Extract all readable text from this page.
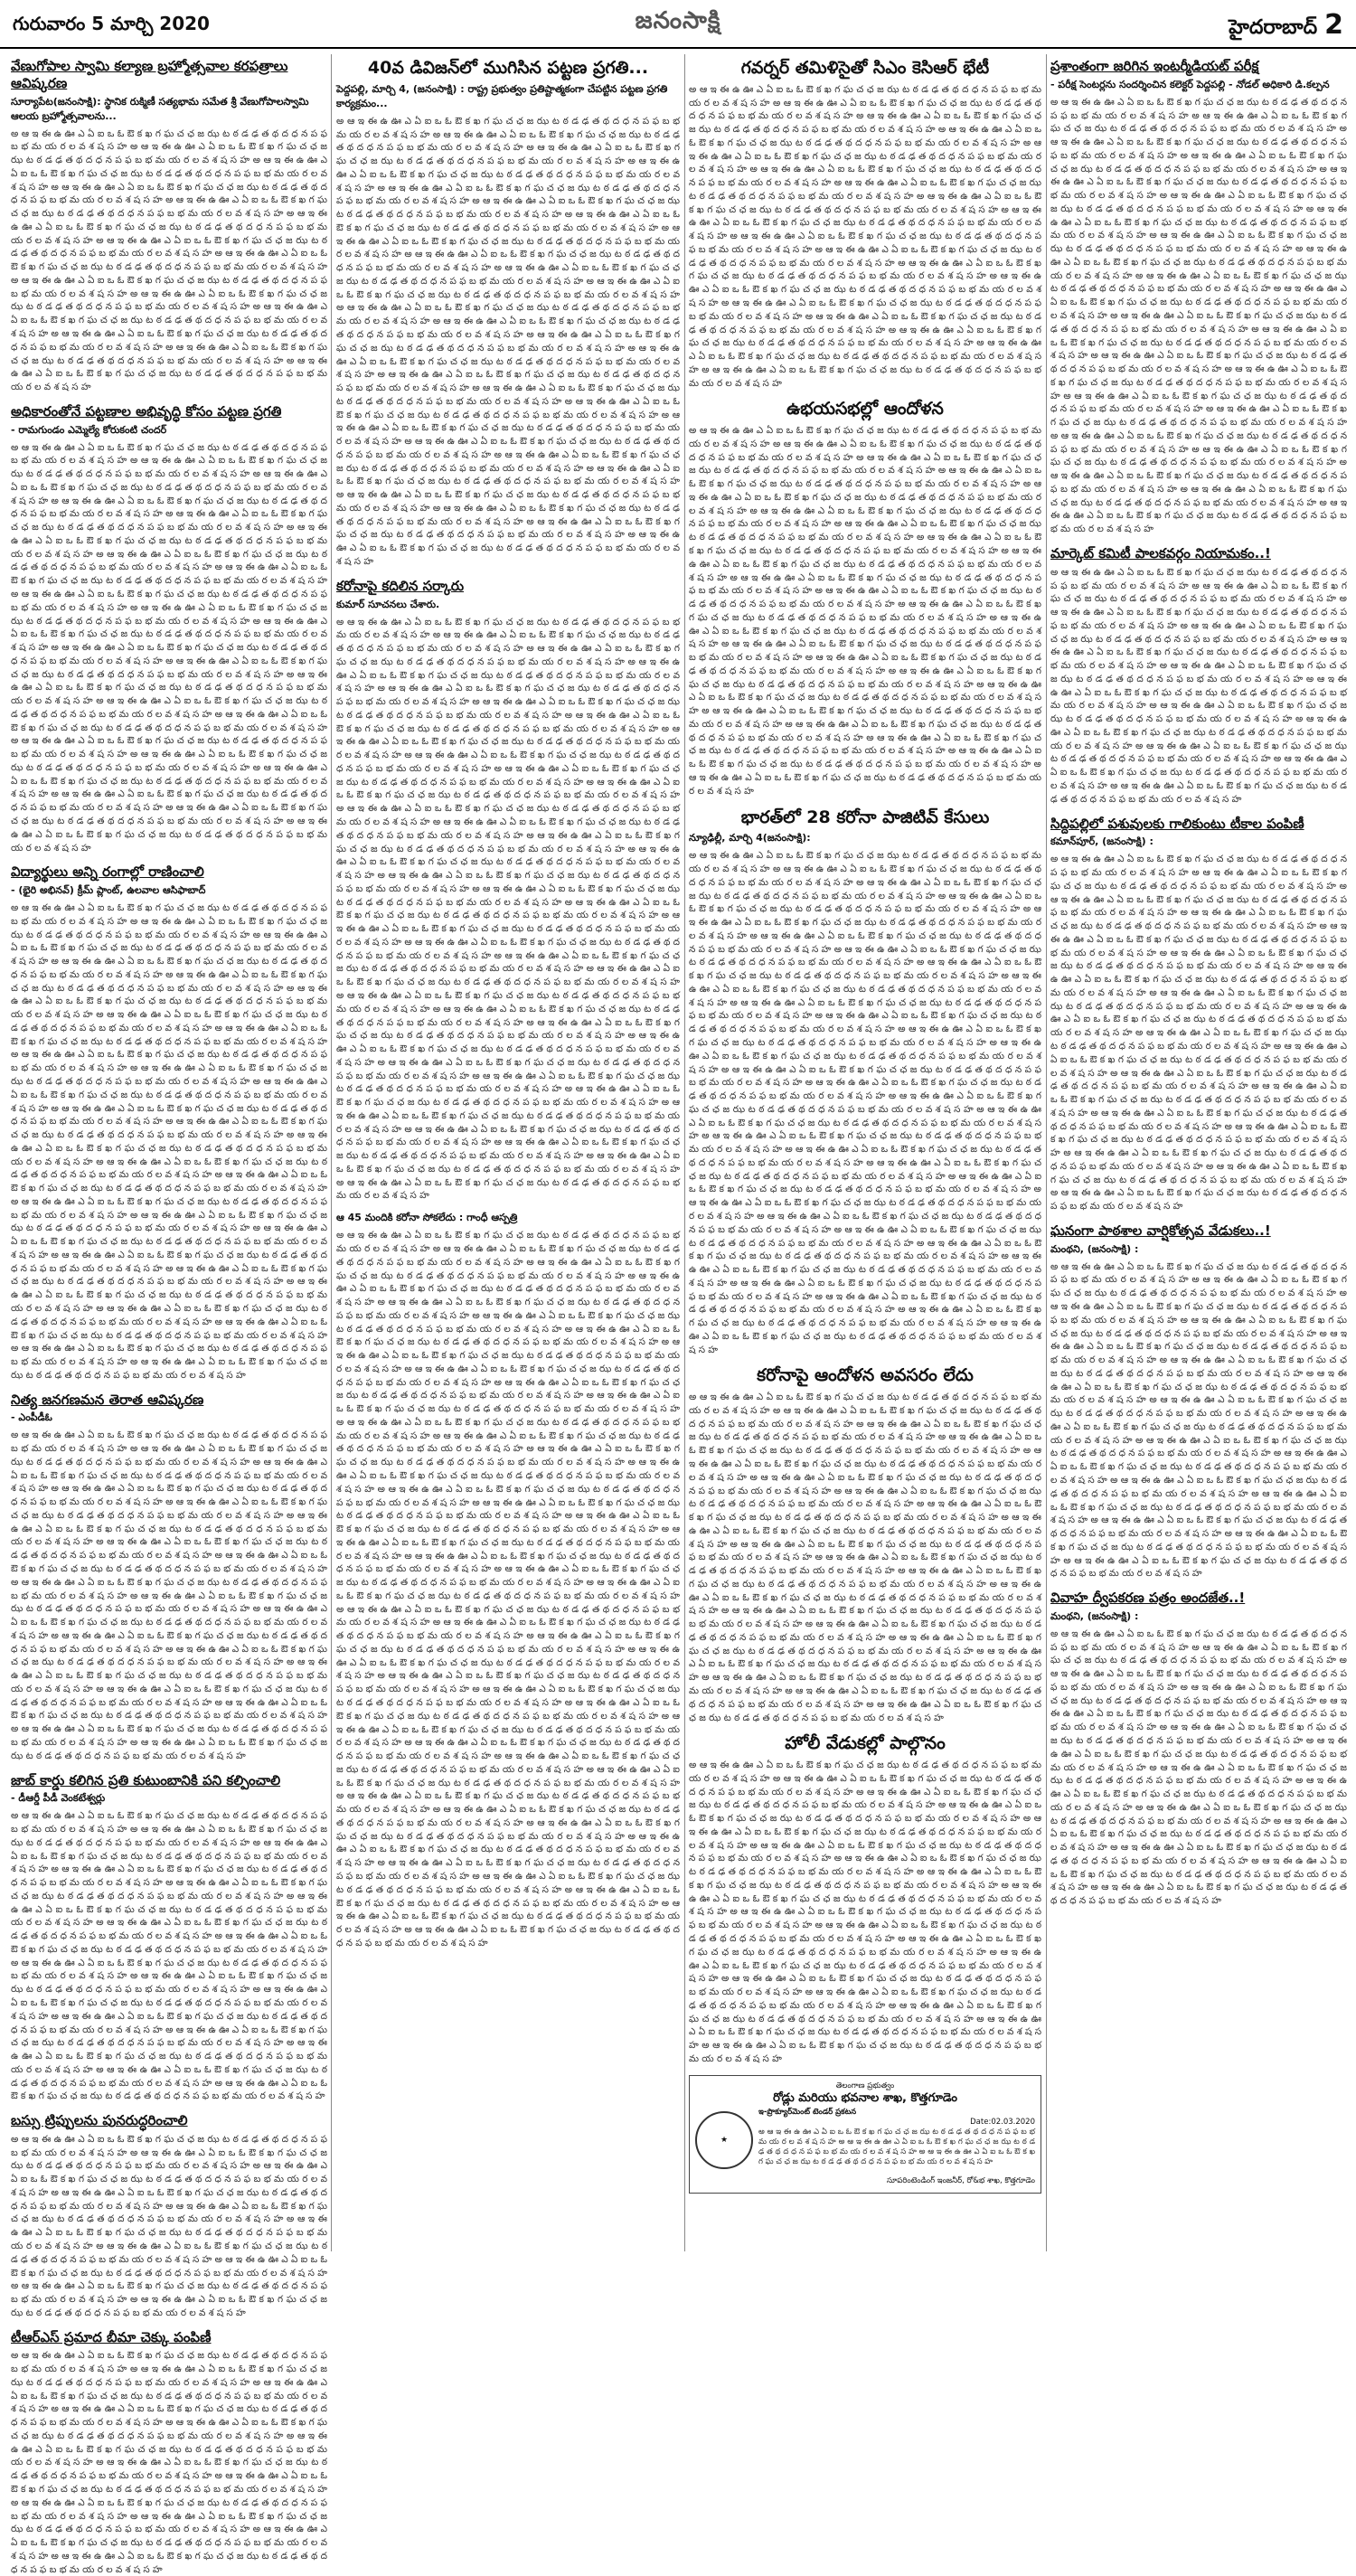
గురువారం 5 మార్చి 2020	జనంసాక్షి	హైదరాబాద్ 2
వేణుగోపాల స్వామి కల్యాణ బ్రహ్మోత్సవాల కరపత్రాలు ఆవిష్కరణ
సూర్యాపేట(జనంసాక్షి): స్థానిక రుక్మిణీ సత్యభామ సమేత శ్రీ వేణుగోపాలస్వామి ఆలయ బ్రహ్మోత్సవాలను...
అ ఆ ఇ ఈ ఉ ఊ ఎ ఏ ఐ ఒ ఓ ఔ క ఖ గ ఘ చ ఛ జ ఝ ట ఠ డ ఢ త థ ద ధ న ప ఫ బ భ మ య ర ల వ శ ష స హ అ ఆ ఇ ఈ ఉ ఊ ఎ ఏ ఐ ఒ ఓ ఔ క ఖ గ ఘ చ ఛ జ ఝ ట ఠ డ ఢ త థ ద ధ న ప ఫ బ భ మ య ర ల వ శ ష స హ అ ఆ ఇ ఈ ఉ ఊ ఎ ఏ ఐ ఒ ఓ ఔ క ఖ గ ఘ చ ఛ జ ఝ ట ఠ డ ఢ త థ ద ధ న ప ఫ బ భ మ య ర ల వ శ ష స హ అ ఆ ఇ ఈ ఉ ఊ ఎ ఏ ఐ ఒ ఓ ఔ క ఖ గ ఘ చ ఛ జ ఝ ట ఠ డ ఢ త థ ద ధ న ప ఫ బ భ మ య ర ల వ శ ష స హ అ ఆ ఇ ఈ ఉ ఊ ఎ ఏ ఐ ఒ ఓ ఔ క ఖ గ ఘ చ ఛ జ ఝ ట ఠ డ ఢ త థ ద ధ న ప ఫ బ భ మ య ర ల వ శ ష స హ అ ఆ ఇ ఈ ఉ ఊ ఎ ఏ ఐ ఒ ఓ ఔ క ఖ గ ఘ చ ఛ జ ఝ ట ఠ డ ఢ త థ ద ధ న ప ఫ బ భ మ య ర ల వ శ ష స హ అ ఆ ఇ ఈ ఉ ఊ ఎ ఏ ఐ ఒ ఓ ఔ క ఖ గ ఘ చ ఛ జ ఝ ట ఠ డ ఢ త థ ద ధ న ప ఫ బ భ మ య ర ల వ శ ష స హ అ ఆ ఇ ఈ ఉ ఊ ఎ ఏ ఐ ఒ ఓ ఔ క ఖ గ ఘ చ ఛ జ ఝ ట ఠ డ ఢ త థ ద ధ న ప ఫ బ భ మ య ర ల వ శ ష స హ అ ఆ ఇ ఈ ఉ ఊ ఎ ఏ ఐ ఒ ఓ ఔ క ఖ గ ఘ చ ఛ జ ఝ ట ఠ డ ఢ త థ ద ధ న ప ఫ బ భ మ య ర ల వ శ ష స హ అ ఆ ఇ ఈ ఉ ఊ ఎ ఏ ఐ ఒ ఓ ఔ క ఖ గ ఘ చ ఛ జ ఝ ట ఠ డ ఢ త థ ద ధ న ప ఫ బ భ మ య ర ల వ శ ష స హ అ ఆ ఇ ఈ ఉ ఊ ఎ ఏ ఐ ఒ ఓ ఔ క ఖ గ ఘ చ ఛ జ ఝ ట ఠ డ ఢ త థ ద ధ న ప ఫ బ భ మ య ర ల వ శ ష స హ అ ఆ ఇ ఈ ఉ ఊ ఎ ఏ ఐ ఒ ఓ ఔ క ఖ గ ఘ చ ఛ జ ఝ ట ఠ డ ఢ త థ ద ధ న ప ఫ బ భ మ య ర ల వ శ ష స హ అ ఆ ఇ ఈ ఉ ఊ ఎ ఏ ఐ ఒ ఓ ఔ క ఖ గ ఘ చ ఛ జ ఝ ట ఠ డ ఢ త థ ద ధ న ప ఫ బ భ మ య ర ల వ శ ష స హ అ ఆ ఇ ఈ ఉ ఊ ఎ ఏ ఐ ఒ ఓ ఔ క ఖ గ ఘ చ ఛ జ ఝ ట ఠ డ ఢ త థ ద ధ న ప ఫ బ భ మ య ర ల వ శ ష స హ
అధికారంతోనే పట్టణాల అభివృద్ధి కోసం పట్టణ ప్రగతి
- రామగుండం ఎమ్మెల్యే కోరుకంటి చందర్
అ ఆ ఇ ఈ ఉ ఊ ఎ ఏ ఐ ఒ ఓ ఔ క ఖ గ ఘ చ ఛ జ ఝ ట ఠ డ ఢ త థ ద ధ న ప ఫ బ భ మ య ర ల వ శ ష స హ అ ఆ ఇ ఈ ఉ ఊ ఎ ఏ ఐ ఒ ఓ ఔ క ఖ గ ఘ చ ఛ జ ఝ ట ఠ డ ఢ త థ ద ధ న ప ఫ బ భ మ య ర ల వ శ ష స హ అ ఆ ఇ ఈ ఉ ఊ ఎ ఏ ఐ ఒ ఓ ఔ క ఖ గ ఘ చ ఛ జ ఝ ట ఠ డ ఢ త థ ద ధ న ప ఫ బ భ మ య ర ల వ శ ష స హ అ ఆ ఇ ఈ ఉ ఊ ఎ ఏ ఐ ఒ ఓ ఔ క ఖ గ ఘ చ ఛ జ ఝ ట ఠ డ ఢ త థ ద ధ న ప ఫ బ భ మ య ర ల వ శ ష స హ అ ఆ ఇ ఈ ఉ ఊ ఎ ఏ ఐ ఒ ఓ ఔ క ఖ గ ఘ చ ఛ జ ఝ ట ఠ డ ఢ త థ ద ధ న ప ఫ బ భ మ య ర ల వ శ ష స హ అ ఆ ఇ ఈ ఉ ఊ ఎ ఏ ఐ ఒ ఓ ఔ క ఖ గ ఘ చ ఛ జ ఝ ట ఠ డ ఢ త థ ద ధ న ప ఫ బ భ మ య ర ల వ శ ష స హ అ ఆ ఇ ఈ ఉ ఊ ఎ ఏ ఐ ఒ ఓ ఔ క ఖ గ ఘ చ ఛ జ ఝ ట ఠ డ ఢ త థ ద ధ న ప ఫ బ భ మ య ర ల వ శ ష స హ అ ఆ ఇ ఈ ఉ ఊ ఎ ఏ ఐ ఒ ఓ ఔ క ఖ గ ఘ చ ఛ జ ఝ ట ఠ డ ఢ త థ ద ధ న ప ఫ బ భ మ య ర ల వ శ ష స హ అ ఆ ఇ ఈ ఉ ఊ ఎ ఏ ఐ ఒ ఓ ఔ క ఖ గ ఘ చ ఛ జ ఝ ట ఠ డ ఢ త థ ద ధ న ప ఫ బ భ మ య ర ల వ శ ష స హ అ ఆ ఇ ఈ ఉ ఊ ఎ ఏ ఐ ఒ ఓ ఔ క ఖ గ ఘ చ ఛ జ ఝ ట ఠ డ ఢ త థ ద ధ న ప ఫ బ భ మ య ర ల వ శ ష స హ అ ఆ ఇ ఈ ఉ ఊ ఎ ఏ ఐ ఒ ఓ ఔ క ఖ గ ఘ చ ఛ జ ఝ ట ఠ డ ఢ త థ ద ధ న ప ఫ బ భ మ య ర ల వ శ ష స హ అ ఆ ఇ ఈ ఉ ఊ ఎ ఏ ఐ ఒ ఓ ఔ క ఖ గ ఘ చ ఛ జ ఝ ట ఠ డ ఢ త థ ద ధ న ప ఫ బ భ మ య ర ల వ శ ష స హ అ ఆ ఇ ఈ ఉ ఊ ఎ ఏ ఐ ఒ ఓ ఔ క ఖ గ ఘ చ ఛ జ ఝ ట ఠ డ ఢ త థ ద ధ న ప ఫ బ భ మ య ర ల వ శ ష స హ అ ఆ ఇ ఈ ఉ ఊ ఎ ఏ ఐ ఒ ఓ ఔ క ఖ గ ఘ చ ఛ జ ఝ ట ఠ డ ఢ త థ ద ధ న ప ఫ బ భ మ య ర ల వ శ ష స హ అ ఆ ఇ ఈ ఉ ఊ ఎ ఏ ఐ ఒ ఓ ఔ క ఖ గ ఘ చ ఛ జ ఝ ట ఠ డ ఢ త థ ద ధ న ప ఫ బ భ మ య ర ల వ శ ష స హ అ ఆ ఇ ఈ ఉ ఊ ఎ ఏ ఐ ఒ ఓ ఔ క ఖ గ ఘ చ ఛ జ ఝ ట ఠ డ ఢ త థ ద ధ న ప ఫ బ భ మ య ర ల వ శ ష స హ అ ఆ ఇ ఈ ఉ ఊ ఎ ఏ ఐ ఒ ఓ ఔ క ఖ గ ఘ చ ఛ జ ఝ ట ఠ డ ఢ త థ ద ధ న ప ఫ బ భ మ య ర ల వ శ ష స హ అ ఆ ఇ ఈ ఉ ఊ ఎ ఏ ఐ ఒ ఓ ఔ క ఖ గ ఘ చ ఛ జ ఝ ట ఠ డ ఢ త థ ద ధ న ప ఫ బ భ మ య ర ల వ శ ష స హ అ ఆ ఇ ఈ ఉ ఊ ఎ ఏ ఐ ఒ ఓ ఔ క ఖ గ ఘ చ ఛ జ ఝ ట ఠ డ ఢ త థ ద ధ న ప ఫ బ భ మ య ర ల వ శ ష స హ అ ఆ ఇ ఈ ఉ ఊ ఎ ఏ ఐ ఒ ఓ ఔ క ఖ గ ఘ చ ఛ జ ఝ ట ఠ డ ఢ త థ ద ధ న ప ఫ బ భ మ య ర ల వ శ ష స హ అ ఆ ఇ ఈ ఉ ఊ ఎ ఏ ఐ ఒ ఓ ఔ క ఖ గ ఘ చ ఛ జ ఝ ట ఠ డ ఢ త థ ద ధ న ప ఫ బ భ మ య ర ల వ శ ష స హ అ ఆ ఇ ఈ ఉ ఊ ఎ ఏ ఐ ఒ ఓ ఔ క ఖ గ ఘ చ ఛ జ ఝ ట ఠ డ ఢ త థ ద ధ న ప ఫ బ భ మ య ర ల వ శ ష స హ
విద్యార్థులు అన్ని రంగాల్లో రాణించాలి
- (భైరి అభినవ్) క్రీమ్ ప్లాంట్, ఉలవాల ఆసిఫాబాద్
అ ఆ ఇ ఈ ఉ ఊ ఎ ఏ ఐ ఒ ఓ ఔ క ఖ గ ఘ చ ఛ జ ఝ ట ఠ డ ఢ త థ ద ధ న ప ఫ బ భ మ య ర ల వ శ ష స హ అ ఆ ఇ ఈ ఉ ఊ ఎ ఏ ఐ ఒ ఓ ఔ క ఖ గ ఘ చ ఛ జ ఝ ట ఠ డ ఢ త థ ద ధ న ప ఫ బ భ మ య ర ల వ శ ష స హ అ ఆ ఇ ఈ ఉ ఊ ఎ ఏ ఐ ఒ ఓ ఔ క ఖ గ ఘ చ ఛ జ ఝ ట ఠ డ ఢ త థ ద ధ న ప ఫ బ భ మ య ర ల వ శ ష స హ అ ఆ ఇ ఈ ఉ ఊ ఎ ఏ ఐ ఒ ఓ ఔ క ఖ గ ఘ చ ఛ జ ఝ ట ఠ డ ఢ త థ ద ధ న ప ఫ బ భ మ య ర ల వ శ ష స హ అ ఆ ఇ ఈ ఉ ఊ ఎ ఏ ఐ ఒ ఓ ఔ క ఖ గ ఘ చ ఛ జ ఝ ట ఠ డ ఢ త థ ద ధ న ప ఫ బ భ మ య ర ల వ శ ష స హ అ ఆ ఇ ఈ ఉ ఊ ఎ ఏ ఐ ఒ ఓ ఔ క ఖ గ ఘ చ ఛ జ ఝ ట ఠ డ ఢ త థ ద ధ న ప ఫ బ భ మ య ర ల వ శ ష స హ అ ఆ ఇ ఈ ఉ ఊ ఎ ఏ ఐ ఒ ఓ ఔ క ఖ గ ఘ చ ఛ జ ఝ ట ఠ డ ఢ త థ ద ధ న ప ఫ బ భ మ య ర ల వ శ ష స హ అ ఆ ఇ ఈ ఉ ఊ ఎ ఏ ఐ ఒ ఓ ఔ క ఖ గ ఘ చ ఛ జ ఝ ట ఠ డ ఢ త థ ద ధ న ప ఫ బ భ మ య ర ల వ శ ష స హ అ ఆ ఇ ఈ ఉ ఊ ఎ ఏ ఐ ఒ ఓ ఔ క ఖ గ ఘ చ ఛ జ ఝ ట ఠ డ ఢ త థ ద ధ న ప ఫ బ భ మ య ర ల వ శ ష స హ అ ఆ ఇ ఈ ఉ ఊ ఎ ఏ ఐ ఒ ఓ ఔ క ఖ గ ఘ చ ఛ జ ఝ ట ఠ డ ఢ త థ ద ధ న ప ఫ బ భ మ య ర ల వ శ ష స హ అ ఆ ఇ ఈ ఉ ఊ ఎ ఏ ఐ ఒ ఓ ఔ క ఖ గ ఘ చ ఛ జ ఝ ట ఠ డ ఢ త థ ద ధ న ప ఫ బ భ మ య ర ల వ శ ష స హ అ ఆ ఇ ఈ ఉ ఊ ఎ ఏ ఐ ఒ ఓ ఔ క ఖ గ ఘ చ ఛ జ ఝ ట ఠ డ ఢ త థ ద ధ న ప ఫ బ భ మ య ర ల వ శ ష స హ అ ఆ ఇ ఈ ఉ ఊ ఎ ఏ ఐ ఒ ఓ ఔ క ఖ గ ఘ చ ఛ జ ఝ ట ఠ డ ఢ త థ ద ధ న ప ఫ బ భ మ య ర ల వ శ ష స హ అ ఆ ఇ ఈ ఉ ఊ ఎ ఏ ఐ ఒ ఓ ఔ క ఖ గ ఘ చ ఛ జ ఝ ట ఠ డ ఢ త థ ద ధ న ప ఫ బ భ మ య ర ల వ శ ష స హ అ ఆ ఇ ఈ ఉ ఊ ఎ ఏ ఐ ఒ ఓ ఔ క ఖ గ ఘ చ ఛ జ ఝ ట ఠ డ ఢ త థ ద ధ న ప ఫ బ భ మ య ర ల వ శ ష స హ అ ఆ ఇ ఈ ఉ ఊ ఎ ఏ ఐ ఒ ఓ ఔ క ఖ గ ఘ చ ఛ జ ఝ ట ఠ డ ఢ త థ ద ధ న ప ఫ బ భ మ య ర ల వ శ ష స హ అ ఆ ఇ ఈ ఉ ఊ ఎ ఏ ఐ ఒ ఓ ఔ క ఖ గ ఘ చ ఛ జ ఝ ట ఠ డ ఢ త థ ద ధ న ప ఫ బ భ మ య ర ల వ శ ష స హ అ ఆ ఇ ఈ ఉ ఊ ఎ ఏ ఐ ఒ ఓ ఔ క ఖ గ ఘ చ ఛ జ ఝ ట ఠ డ ఢ త థ ద ధ న ప ఫ బ భ మ య ర ల వ శ ష స హ అ ఆ ఇ ఈ ఉ ఊ ఎ ఏ ఐ ఒ ఓ ఔ క ఖ గ ఘ చ ఛ జ ఝ ట ఠ డ ఢ త థ ద ధ న ప ఫ బ భ మ య ర ల వ శ ష స హ అ ఆ ఇ ఈ ఉ ఊ ఎ ఏ ఐ ఒ ఓ ఔ క ఖ గ ఘ చ ఛ జ ఝ ట ఠ డ ఢ త థ ద ధ న ప ఫ బ భ మ య ర ల వ శ ష స హ అ ఆ ఇ ఈ ఉ ఊ ఎ ఏ ఐ ఒ ఓ ఔ క ఖ గ ఘ చ ఛ జ ఝ ట ఠ డ ఢ త థ ద ధ న ప ఫ బ భ మ య ర ల వ శ ష స హ అ ఆ ఇ ఈ ఉ ఊ ఎ ఏ ఐ ఒ ఓ ఔ క ఖ గ ఘ చ ఛ జ ఝ ట ఠ డ ఢ త థ ద ధ న ప ఫ బ భ మ య ర ల వ శ ష స హ అ ఆ ఇ ఈ ఉ ఊ ఎ ఏ ఐ ఒ ఓ ఔ క ఖ గ ఘ చ ఛ జ ఝ ట ఠ డ ఢ త థ ద ధ న ప ఫ బ భ మ య ర ల వ శ ష స హ అ ఆ ఇ ఈ ఉ ఊ ఎ ఏ ఐ ఒ ఓ ఔ క ఖ గ ఘ చ ఛ జ ఝ ట ఠ డ ఢ త థ ద ధ న ప ఫ బ భ మ య ర ల వ శ ష స హ అ ఆ ఇ ఈ ఉ ఊ ఎ ఏ ఐ ఒ ఓ ఔ క ఖ గ ఘ చ ఛ జ ఝ ట ఠ డ ఢ త థ ద ధ న ప ఫ బ భ మ య ర ల వ శ ష స హ అ ఆ ఇ ఈ ఉ ఊ ఎ ఏ ఐ ఒ ఓ ఔ క ఖ గ ఘ చ ఛ జ ఝ ట ఠ డ ఢ త థ ద ధ న ప ఫ బ భ మ య ర ల వ శ ష స హ
నిత్య జనగణమన తెరాత ఆవిష్కరణ
- ఎంపీడీఓ
అ ఆ ఇ ఈ ఉ ఊ ఎ ఏ ఐ ఒ ఓ ఔ క ఖ గ ఘ చ ఛ జ ఝ ట ఠ డ ఢ త థ ద ధ న ప ఫ బ భ మ య ర ల వ శ ష స హ అ ఆ ఇ ఈ ఉ ఊ ఎ ఏ ఐ ఒ ఓ ఔ క ఖ గ ఘ చ ఛ జ ఝ ట ఠ డ ఢ త థ ద ధ న ప ఫ బ భ మ య ర ల వ శ ష స హ అ ఆ ఇ ఈ ఉ ఊ ఎ ఏ ఐ ఒ ఓ ఔ క ఖ గ ఘ చ ఛ జ ఝ ట ఠ డ ఢ త థ ద ధ న ప ఫ బ భ మ య ర ల వ శ ష స హ అ ఆ ఇ ఈ ఉ ఊ ఎ ఏ ఐ ఒ ఓ ఔ క ఖ గ ఘ చ ఛ జ ఝ ట ఠ డ ఢ త థ ద ధ న ప ఫ బ భ మ య ర ల వ శ ష స హ అ ఆ ఇ ఈ ఉ ఊ ఎ ఏ ఐ ఒ ఓ ఔ క ఖ గ ఘ చ ఛ జ ఝ ట ఠ డ ఢ త థ ద ధ న ప ఫ బ భ మ య ర ల వ శ ష స హ అ ఆ ఇ ఈ ఉ ఊ ఎ ఏ ఐ ఒ ఓ ఔ క ఖ గ ఘ చ ఛ జ ఝ ట ఠ డ ఢ త థ ద ధ న ప ఫ బ భ మ య ర ల వ శ ష స హ అ ఆ ఇ ఈ ఉ ఊ ఎ ఏ ఐ ఒ ఓ ఔ క ఖ గ ఘ చ ఛ జ ఝ ట ఠ డ ఢ త థ ద ధ న ప ఫ బ భ మ య ర ల వ శ ష స హ అ ఆ ఇ ఈ ఉ ఊ ఎ ఏ ఐ ఒ ఓ ఔ క ఖ గ ఘ చ ఛ జ ఝ ట ఠ డ ఢ త థ ద ధ న ప ఫ బ భ మ య ర ల వ శ ష స హ అ ఆ ఇ ఈ ఉ ఊ ఎ ఏ ఐ ఒ ఓ ఔ క ఖ గ ఘ చ ఛ జ ఝ ట ఠ డ ఢ త థ ద ధ న ప ఫ బ భ మ య ర ల వ శ ష స హ అ ఆ ఇ ఈ ఉ ఊ ఎ ఏ ఐ ఒ ఓ ఔ క ఖ గ ఘ చ ఛ జ ఝ ట ఠ డ ఢ త థ ద ధ న ప ఫ బ భ మ య ర ల వ శ ష స హ అ ఆ ఇ ఈ ఉ ఊ ఎ ఏ ఐ ఒ ఓ ఔ క ఖ గ ఘ చ ఛ జ ఝ ట ఠ డ ఢ త థ ద ధ న ప ఫ బ భ మ య ర ల వ శ ష స హ అ ఆ ఇ ఈ ఉ ఊ ఎ ఏ ఐ ఒ ఓ ఔ క ఖ గ ఘ చ ఛ జ ఝ ట ఠ డ ఢ త థ ద ధ న ప ఫ బ భ మ య ర ల వ శ ష స హ అ ఆ ఇ ఈ ఉ ఊ ఎ ఏ ఐ ఒ ఓ ఔ క ఖ గ ఘ చ ఛ జ ఝ ట ఠ డ ఢ త థ ద ధ న ప ఫ బ భ మ య ర ల వ శ ష స హ అ ఆ ఇ ఈ ఉ ఊ ఎ ఏ ఐ ఒ ఓ ఔ క ఖ గ ఘ చ ఛ జ ఝ ట ఠ డ ఢ త థ ద ధ న ప ఫ బ భ మ య ర ల వ శ ష స హ అ ఆ ఇ ఈ ఉ ఊ ఎ ఏ ఐ ఒ ఓ ఔ క ఖ గ ఘ చ ఛ జ ఝ ట ఠ డ ఢ త థ ద ధ న ప ఫ బ భ మ య ర ల వ శ ష స హ అ ఆ ఇ ఈ ఉ ఊ ఎ ఏ ఐ ఒ ఓ ఔ క ఖ గ ఘ చ ఛ జ ఝ ట ఠ డ ఢ త థ ద ధ న ప ఫ బ భ మ య ర ల వ శ ష స హ అ ఆ ఇ ఈ ఉ ఊ ఎ ఏ ఐ ఒ ఓ ఔ క ఖ గ ఘ చ ఛ జ ఝ ట ఠ డ ఢ త థ ద ధ న ప ఫ బ భ మ య ర ల వ శ ష స హ అ ఆ ఇ ఈ ఉ ఊ ఎ ఏ ఐ ఒ ఓ ఔ క ఖ గ ఘ చ ఛ జ ఝ ట ఠ డ ఢ త థ ద ధ న ప ఫ బ భ మ య ర ల వ శ ష స హ
జాబ్ కార్డు కలిగిన ప్రతి కుటుంబానికి పని కల్పించాలి
- డీఆర్డీ పీడీ వెంకటేశ్వర్లు
అ ఆ ఇ ఈ ఉ ఊ ఎ ఏ ఐ ఒ ఓ ఔ క ఖ గ ఘ చ ఛ జ ఝ ట ఠ డ ఢ త థ ద ధ న ప ఫ బ భ మ య ర ల వ శ ష స హ అ ఆ ఇ ఈ ఉ ఊ ఎ ఏ ఐ ఒ ఓ ఔ క ఖ గ ఘ చ ఛ జ ఝ ట ఠ డ ఢ త థ ద ధ న ప ఫ బ భ మ య ర ల వ శ ష స హ అ ఆ ఇ ఈ ఉ ఊ ఎ ఏ ఐ ఒ ఓ ఔ క ఖ గ ఘ చ ఛ జ ఝ ట ఠ డ ఢ త థ ద ధ న ప ఫ బ భ మ య ర ల వ శ ష స హ అ ఆ ఇ ఈ ఉ ఊ ఎ ఏ ఐ ఒ ఓ ఔ క ఖ గ ఘ చ ఛ జ ఝ ట ఠ డ ఢ త థ ద ధ న ప ఫ బ భ మ య ర ల వ శ ష స హ అ ఆ ఇ ఈ ఉ ఊ ఎ ఏ ఐ ఒ ఓ ఔ క ఖ గ ఘ చ ఛ జ ఝ ట ఠ డ ఢ త థ ద ధ న ప ఫ బ భ మ య ర ల వ శ ష స హ అ ఆ ఇ ఈ ఉ ఊ ఎ ఏ ఐ ఒ ఓ ఔ క ఖ గ ఘ చ ఛ జ ఝ ట ఠ డ ఢ త థ ద ధ న ప ఫ బ భ మ య ర ల వ శ ష స హ అ ఆ ఇ ఈ ఉ ఊ ఎ ఏ ఐ ఒ ఓ ఔ క ఖ గ ఘ చ ఛ జ ఝ ట ఠ డ ఢ త థ ద ధ న ప ఫ బ భ మ య ర ల వ శ ష స హ అ ఆ ఇ ఈ ఉ ఊ ఎ ఏ ఐ ఒ ఓ ఔ క ఖ గ ఘ చ ఛ జ ఝ ట ఠ డ ఢ త థ ద ధ న ప ఫ బ భ మ య ర ల వ శ ష స హ అ ఆ ఇ ఈ ఉ ఊ ఎ ఏ ఐ ఒ ఓ ఔ క ఖ గ ఘ చ ఛ జ ఝ ట ఠ డ ఢ త థ ద ధ న ప ఫ బ భ మ య ర ల వ శ ష స హ అ ఆ ఇ ఈ ఉ ఊ ఎ ఏ ఐ ఒ ఓ ఔ క ఖ గ ఘ చ ఛ జ ఝ ట ఠ డ ఢ త థ ద ధ న ప ఫ బ భ మ య ర ల వ శ ష స హ అ ఆ ఇ ఈ ఉ ఊ ఎ ఏ ఐ ఒ ఓ ఔ క ఖ గ ఘ చ ఛ జ ఝ ట ఠ డ ఢ త థ ద ధ న ప ఫ బ భ మ య ర ల వ శ ష స హ అ ఆ ఇ ఈ ఉ ఊ ఎ ఏ ఐ ఒ ఓ ఔ క ఖ గ ఘ చ ఛ జ ఝ ట ఠ డ ఢ త థ ద ధ న ప ఫ బ భ మ య ర ల వ శ ష స హ అ ఆ ఇ ఈ ఉ ఊ ఎ ఏ ఐ ఒ ఓ ఔ క ఖ గ ఘ చ ఛ జ ఝ ట ఠ డ ఢ త థ ద ధ న ప ఫ బ భ మ య ర ల వ శ ష స హ అ ఆ ఇ ఈ ఉ ఊ ఎ ఏ ఐ ఒ ఓ ఔ క ఖ గ ఘ చ ఛ జ ఝ ట ఠ డ ఢ త థ ద ధ న ప ఫ బ భ మ య ర ల వ శ ష స హ అ ఆ ఇ ఈ ఉ ఊ ఎ ఏ ఐ ఒ ఓ ఔ క ఖ గ ఘ చ ఛ జ ఝ ట ఠ డ ఢ త థ ద ధ న ప ఫ బ భ మ య ర ల వ శ ష స హ అ ఆ ఇ ఈ ఉ ఊ ఎ ఏ ఐ ఒ ఓ ఔ క ఖ గ ఘ చ ఛ జ ఝ ట ఠ డ ఢ త థ ద ధ న ప ఫ బ భ మ య ర ల వ శ ష స హ
బస్సు ట్రిప్పులను పునరుద్ధరించాలి
అ ఆ ఇ ఈ ఉ ఊ ఎ ఏ ఐ ఒ ఓ ఔ క ఖ గ ఘ చ ఛ జ ఝ ట ఠ డ ఢ త థ ద ధ న ప ఫ బ భ మ య ర ల వ శ ష స హ అ ఆ ఇ ఈ ఉ ఊ ఎ ఏ ఐ ఒ ఓ ఔ క ఖ గ ఘ చ ఛ జ ఝ ట ఠ డ ఢ త థ ద ధ న ప ఫ బ భ మ య ర ల వ శ ష స హ అ ఆ ఇ ఈ ఉ ఊ ఎ ఏ ఐ ఒ ఓ ఔ క ఖ గ ఘ చ ఛ జ ఝ ట ఠ డ ఢ త థ ద ధ న ప ఫ బ భ మ య ర ల వ శ ష స హ అ ఆ ఇ ఈ ఉ ఊ ఎ ఏ ఐ ఒ ఓ ఔ క ఖ గ ఘ చ ఛ జ ఝ ట ఠ డ ఢ త థ ద ధ న ప ఫ బ భ మ య ర ల వ శ ష స హ అ ఆ ఇ ఈ ఉ ఊ ఎ ఏ ఐ ఒ ఓ ఔ క ఖ గ ఘ చ ఛ జ ఝ ట ఠ డ ఢ త థ ద ధ న ప ఫ బ భ మ య ర ల వ శ ష స హ అ ఆ ఇ ఈ ఉ ఊ ఎ ఏ ఐ ఒ ఓ ఔ క ఖ గ ఘ చ ఛ జ ఝ ట ఠ డ ఢ త థ ద ధ న ప ఫ బ భ మ య ర ల వ శ ష స హ అ ఆ ఇ ఈ ఉ ఊ ఎ ఏ ఐ ఒ ఓ ఔ క ఖ గ ఘ చ ఛ జ ఝ ట ఠ డ ఢ త థ ద ధ న ప ఫ బ భ మ య ర ల వ శ ష స హ అ ఆ ఇ ఈ ఉ ఊ ఎ ఏ ఐ ఒ ఓ ఔ క ఖ గ ఘ చ ఛ జ ఝ ట ఠ డ ఢ త థ ద ధ న ప ఫ బ భ మ య ర ల వ శ ష స హ అ ఆ ఇ ఈ ఉ ఊ ఎ ఏ ఐ ఒ ఓ ఔ క ఖ గ ఘ చ ఛ జ ఝ ట ఠ డ ఢ త థ ద ధ న ప ఫ బ భ మ య ర ల వ శ ష స హ అ ఆ ఇ ఈ ఉ ఊ ఎ ఏ ఐ ఒ ఓ ఔ క ఖ గ ఘ చ ఛ జ ఝ ట ఠ డ ఢ త థ ద ధ న ప ఫ బ భ మ య ర ల వ శ ష స హ
టీఆర్ఎస్ ప్రమాద బీమా చెక్కు పంపిణీ
అ ఆ ఇ ఈ ఉ ఊ ఎ ఏ ఐ ఒ ఓ ఔ క ఖ గ ఘ చ ఛ జ ఝ ట ఠ డ ఢ త థ ద ధ న ప ఫ బ భ మ య ర ల వ శ ష స హ అ ఆ ఇ ఈ ఉ ఊ ఎ ఏ ఐ ఒ ఓ ఔ క ఖ గ ఘ చ ఛ జ ఝ ట ఠ డ ఢ త థ ద ధ న ప ఫ బ భ మ య ర ల వ శ ష స హ అ ఆ ఇ ఈ ఉ ఊ ఎ ఏ ఐ ఒ ఓ ఔ క ఖ గ ఘ చ ఛ జ ఝ ట ఠ డ ఢ త థ ద ధ న ప ఫ బ భ మ య ర ల వ శ ష స హ అ ఆ ఇ ఈ ఉ ఊ ఎ ఏ ఐ ఒ ఓ ఔ క ఖ గ ఘ చ ఛ జ ఝ ట ఠ డ ఢ త థ ద ధ న ప ఫ బ భ మ య ర ల వ శ ష స హ అ ఆ ఇ ఈ ఉ ఊ ఎ ఏ ఐ ఒ ఓ ఔ క ఖ గ ఘ చ ఛ జ ఝ ట ఠ డ ఢ త థ ద ధ న ప ఫ బ భ మ య ర ల వ శ ష స హ అ ఆ ఇ ఈ ఉ ఊ ఎ ఏ ఐ ఒ ఓ ఔ క ఖ గ ఘ చ ఛ జ ఝ ట ఠ డ ఢ త థ ద ధ న ప ఫ బ భ మ య ర ల వ శ ష స హ అ ఆ ఇ ఈ ఉ ఊ ఎ ఏ ఐ ఒ ఓ ఔ క ఖ గ ఘ చ ఛ జ ఝ ట ఠ డ ఢ త థ ద ధ న ప ఫ బ భ మ య ర ల వ శ ష స హ అ ఆ ఇ ఈ ఉ ఊ ఎ ఏ ఐ ఒ ఓ ఔ క ఖ గ ఘ చ ఛ జ ఝ ట ఠ డ ఢ త థ ద ధ న ప ఫ బ భ మ య ర ల వ శ ష స హ అ ఆ ఇ ఈ ఉ ఊ ఎ ఏ ఐ ఒ ఓ ఔ క ఖ గ ఘ చ ఛ జ ఝ ట ఠ డ ఢ త థ ద ధ న ప ఫ బ భ మ య ర ల వ శ ష స హ అ ఆ ఇ ఈ ఉ ఊ ఎ ఏ ఐ ఒ ఓ ఔ క ఖ గ ఘ చ ఛ జ ఝ ట ఠ డ ఢ త థ ద ధ న ప ఫ బ భ మ య ర ల వ శ ష స హ అ ఆ ఇ ఈ ఉ ఊ ఎ ఏ ఐ ఒ ఓ ఔ క ఖ గ ఘ చ ఛ జ ఝ ట ఠ డ ఢ త థ ద ధ న ప ఫ బ భ మ య ర ల వ శ ష స హ అ ఆ ఇ ఈ ఉ ఊ ఎ ఏ ఐ ఒ ఓ ఔ క ఖ గ ఘ చ ఛ జ ఝ ట ఠ డ ఢ త థ ద ధ న ప ఫ బ భ మ య ర ల వ శ ష స హ
40వ డివిజన్‌లో ముగిసిన పట్టణ ప్రగతి...
పెద్దపల్లి, మార్చి 4, (జనంసాక్షి) : రాష్ట్ర ప్రభుత్వం ప్రతిష్టాత్మకంగా చేపట్టిన పట్టణ ప్రగతి కార్యక్రమం...
అ ఆ ఇ ఈ ఉ ఊ ఎ ఏ ఐ ఒ ఓ ఔ క ఖ గ ఘ చ ఛ జ ఝ ట ఠ డ ఢ త థ ద ధ న ప ఫ బ భ మ య ర ల వ శ ష స హ అ ఆ ఇ ఈ ఉ ఊ ఎ ఏ ఐ ఒ ఓ ఔ క ఖ గ ఘ చ ఛ జ ఝ ట ఠ డ ఢ త థ ద ధ న ప ఫ బ భ మ య ర ల వ శ ష స హ అ ఆ ఇ ఈ ఉ ఊ ఎ ఏ ఐ ఒ ఓ ఔ క ఖ గ ఘ చ ఛ జ ఝ ట ఠ డ ఢ త థ ద ధ న ప ఫ బ భ మ య ర ల వ శ ష స హ అ ఆ ఇ ఈ ఉ ఊ ఎ ఏ ఐ ఒ ఓ ఔ క ఖ గ ఘ చ ఛ జ ఝ ట ఠ డ ఢ త థ ద ధ న ప ఫ బ భ మ య ర ల వ శ ష స హ అ ఆ ఇ ఈ ఉ ఊ ఎ ఏ ఐ ఒ ఓ ఔ క ఖ గ ఘ చ ఛ జ ఝ ట ఠ డ ఢ త థ ద ధ న ప ఫ బ భ మ య ర ల వ శ ష స హ అ ఆ ఇ ఈ ఉ ఊ ఎ ఏ ఐ ఒ ఓ ఔ క ఖ గ ఘ చ ఛ జ ఝ ట ఠ డ ఢ త థ ద ధ న ప ఫ బ భ మ య ర ల వ శ ష స హ అ ఆ ఇ ఈ ఉ ఊ ఎ ఏ ఐ ఒ ఓ ఔ క ఖ గ ఘ చ ఛ జ ఝ ట ఠ డ ఢ త థ ద ధ న ప ఫ బ భ మ య ర ల వ శ ష స హ అ ఆ ఇ ఈ ఉ ఊ ఎ ఏ ఐ ఒ ఓ ఔ క ఖ గ ఘ చ ఛ జ ఝ ట ఠ డ ఢ త థ ద ధ న ప ఫ బ భ మ య ర ల వ శ ష స హ అ ఆ ఇ ఈ ఉ ఊ ఎ ఏ ఐ ఒ ఓ ఔ క ఖ గ ఘ చ ఛ జ ఝ ట ఠ డ ఢ త థ ద ధ న ప ఫ బ భ మ య ర ల వ శ ష స హ అ ఆ ఇ ఈ ఉ ఊ ఎ ఏ ఐ ఒ ఓ ఔ క ఖ గ ఘ చ ఛ జ ఝ ట ఠ డ ఢ త థ ద ధ న ప ఫ బ భ మ య ర ల వ శ ష స హ అ ఆ ఇ ఈ ఉ ఊ ఎ ఏ ఐ ఒ ఓ ఔ క ఖ గ ఘ చ ఛ జ ఝ ట ఠ డ ఢ త థ ద ధ న ప ఫ బ భ మ య ర ల వ శ ష స హ అ ఆ ఇ ఈ ఉ ఊ ఎ ఏ ఐ ఒ ఓ ఔ క ఖ గ ఘ చ ఛ జ ఝ ట ఠ డ ఢ త థ ద ధ న ప ఫ బ భ మ య ర ల వ శ ష స హ అ ఆ ఇ ఈ ఉ ఊ ఎ ఏ ఐ ఒ ఓ ఔ క ఖ గ ఘ చ ఛ జ ఝ ట ఠ డ ఢ త థ ద ధ న ప ఫ బ భ మ య ర ల వ శ ష స హ అ ఆ ఇ ఈ ఉ ఊ ఎ ఏ ఐ ఒ ఓ ఔ క ఖ గ ఘ చ ఛ జ ఝ ట ఠ డ ఢ త థ ద ధ న ప ఫ బ భ మ య ర ల వ శ ష స హ అ ఆ ఇ ఈ ఉ ఊ ఎ ఏ ఐ ఒ ఓ ఔ క ఖ గ ఘ చ ఛ జ ఝ ట ఠ డ ఢ త థ ద ధ న ప ఫ బ భ మ య ర ల వ శ ష స హ అ ఆ ఇ ఈ ఉ ఊ ఎ ఏ ఐ ఒ ఓ ఔ క ఖ గ ఘ చ ఛ జ ఝ ట ఠ డ ఢ త థ ద ధ న ప ఫ బ భ మ య ర ల వ శ ష స హ అ ఆ ఇ ఈ ఉ ఊ ఎ ఏ ఐ ఒ ఓ ఔ క ఖ గ ఘ చ ఛ జ ఝ ట ఠ డ ఢ త థ ద ధ న ప ఫ బ భ మ య ర ల వ శ ష స హ అ ఆ ఇ ఈ ఉ ఊ ఎ ఏ ఐ ఒ ఓ ఔ క ఖ గ ఘ చ ఛ జ ఝ ట ఠ డ ఢ త థ ద ధ న ప ఫ బ భ మ య ర ల వ శ ష స హ అ ఆ ఇ ఈ ఉ ఊ ఎ ఏ ఐ ఒ ఓ ఔ క ఖ గ ఘ చ ఛ జ ఝ ట ఠ డ ఢ త థ ద ధ న ప ఫ బ భ మ య ర ల వ శ ష స హ అ ఆ ఇ ఈ ఉ ఊ ఎ ఏ ఐ ఒ ఓ ఔ క ఖ గ ఘ చ ఛ జ ఝ ట ఠ డ ఢ త థ ద ధ న ప ఫ బ భ మ య ర ల వ శ ష స హ అ ఆ ఇ ఈ ఉ ఊ ఎ ఏ ఐ ఒ ఓ ఔ క ఖ గ ఘ చ ఛ జ ఝ ట ఠ డ ఢ త థ ద ధ న ప ఫ బ భ మ య ర ల వ శ ష స హ అ ఆ ఇ ఈ ఉ ఊ ఎ ఏ ఐ ఒ ఓ ఔ క ఖ గ ఘ చ ఛ జ ఝ ట ఠ డ ఢ త థ ద ధ న ప ఫ బ భ మ య ర ల వ శ ష స హ అ ఆ ఇ ఈ ఉ ఊ ఎ ఏ ఐ ఒ ఓ ఔ క ఖ గ ఘ చ ఛ జ ఝ ట ఠ డ ఢ త థ ద ధ న ప ఫ బ భ మ య ర ల వ శ ష స హ అ ఆ ఇ ఈ ఉ ఊ ఎ ఏ ఐ ఒ ఓ ఔ క ఖ గ ఘ చ ఛ జ ఝ ట ఠ డ ఢ త థ ద ధ న ప ఫ బ భ మ య ర ల వ శ ష స హ అ ఆ ఇ ఈ ఉ ఊ ఎ ఏ ఐ ఒ ఓ ఔ క ఖ గ ఘ చ ఛ జ ఝ ట ఠ డ ఢ త థ ద ధ న ప ఫ బ భ మ య ర ల వ శ ష స హ అ ఆ ఇ ఈ ఉ ఊ ఎ ఏ ఐ ఒ ఓ ఔ క ఖ గ ఘ చ ఛ జ ఝ ట ఠ డ ఢ త థ ద ధ న ప ఫ బ భ మ య ర ల వ శ ష స హ
కరోనాపై కదిలిన సర్కారు
కుమార్ సూచనలు చేశారు.
అ ఆ ఇ ఈ ఉ ఊ ఎ ఏ ఐ ఒ ఓ ఔ క ఖ గ ఘ చ ఛ జ ఝ ట ఠ డ ఢ త థ ద ధ న ప ఫ బ భ మ య ర ల వ శ ష స హ అ ఆ ఇ ఈ ఉ ఊ ఎ ఏ ఐ ఒ ఓ ఔ క ఖ గ ఘ చ ఛ జ ఝ ట ఠ డ ఢ త థ ద ధ న ప ఫ బ భ మ య ర ల వ శ ష స హ అ ఆ ఇ ఈ ఉ ఊ ఎ ఏ ఐ ఒ ఓ ఔ క ఖ గ ఘ చ ఛ జ ఝ ట ఠ డ ఢ త థ ద ధ న ప ఫ బ భ మ య ర ల వ శ ష స హ అ ఆ ఇ ఈ ఉ ఊ ఎ ఏ ఐ ఒ ఓ ఔ క ఖ గ ఘ చ ఛ జ ఝ ట ఠ డ ఢ త థ ద ధ న ప ఫ బ భ మ య ర ల వ శ ష స హ అ ఆ ఇ ఈ ఉ ఊ ఎ ఏ ఐ ఒ ఓ ఔ క ఖ గ ఘ చ ఛ జ ఝ ట ఠ డ ఢ త థ ద ధ న ప ఫ బ భ మ య ర ల వ శ ష స హ అ ఆ ఇ ఈ ఉ ఊ ఎ ఏ ఐ ఒ ఓ ఔ క ఖ గ ఘ చ ఛ జ ఝ ట ఠ డ ఢ త థ ద ధ న ప ఫ బ భ మ య ర ల వ శ ష స హ అ ఆ ఇ ఈ ఉ ఊ ఎ ఏ ఐ ఒ ఓ ఔ క ఖ గ ఘ చ ఛ జ ఝ ట ఠ డ ఢ త థ ద ధ న ప ఫ బ భ మ య ర ల వ శ ష స హ అ ఆ ఇ ఈ ఉ ఊ ఎ ఏ ఐ ఒ ఓ ఔ క ఖ గ ఘ చ ఛ జ ఝ ట ఠ డ ఢ త థ ద ధ న ప ఫ బ భ మ య ర ల వ శ ష స హ అ ఆ ఇ ఈ ఉ ఊ ఎ ఏ ఐ ఒ ఓ ఔ క ఖ గ ఘ చ ఛ జ ఝ ట ఠ డ ఢ త థ ద ధ న ప ఫ బ భ మ య ర ల వ శ ష స హ అ ఆ ఇ ఈ ఉ ఊ ఎ ఏ ఐ ఒ ఓ ఔ క ఖ గ ఘ చ ఛ జ ఝ ట ఠ డ ఢ త థ ద ధ న ప ఫ బ భ మ య ర ల వ శ ష స హ అ ఆ ఇ ఈ ఉ ఊ ఎ ఏ ఐ ఒ ఓ ఔ క ఖ గ ఘ చ ఛ జ ఝ ట ఠ డ ఢ త థ ద ధ న ప ఫ బ భ మ య ర ల వ శ ష స హ అ ఆ ఇ ఈ ఉ ఊ ఎ ఏ ఐ ఒ ఓ ఔ క ఖ గ ఘ చ ఛ జ ఝ ట ఠ డ ఢ త థ ద ధ న ప ఫ బ భ మ య ర ల వ శ ష స హ అ ఆ ఇ ఈ ఉ ఊ ఎ ఏ ఐ ఒ ఓ ఔ క ఖ గ ఘ చ ఛ జ ఝ ట ఠ డ ఢ త థ ద ధ న ప ఫ బ భ మ య ర ల వ శ ష స హ అ ఆ ఇ ఈ ఉ ఊ ఎ ఏ ఐ ఒ ఓ ఔ క ఖ గ ఘ చ ఛ జ ఝ ట ఠ డ ఢ త థ ద ధ న ప ఫ బ భ మ య ర ల వ శ ష స హ అ ఆ ఇ ఈ ఉ ఊ ఎ ఏ ఐ ఒ ఓ ఔ క ఖ గ ఘ చ ఛ జ ఝ ట ఠ డ ఢ త థ ద ధ న ప ఫ బ భ మ య ర ల వ శ ష స హ అ ఆ ఇ ఈ ఉ ఊ ఎ ఏ ఐ ఒ ఓ ఔ క ఖ గ ఘ చ ఛ జ ఝ ట ఠ డ ఢ త థ ద ధ న ప ఫ బ భ మ య ర ల వ శ ష స హ అ ఆ ఇ ఈ ఉ ఊ ఎ ఏ ఐ ఒ ఓ ఔ క ఖ గ ఘ చ ఛ జ ఝ ట ఠ డ ఢ త థ ద ధ న ప ఫ బ భ మ య ర ల వ శ ష స హ అ ఆ ఇ ఈ ఉ ఊ ఎ ఏ ఐ ఒ ఓ ఔ క ఖ గ ఘ చ ఛ జ ఝ ట ఠ డ ఢ త థ ద ధ న ప ఫ బ భ మ య ర ల వ శ ష స హ అ ఆ ఇ ఈ ఉ ఊ ఎ ఏ ఐ ఒ ఓ ఔ క ఖ గ ఘ చ ఛ జ ఝ ట ఠ డ ఢ త థ ద ధ న ప ఫ బ భ మ య ర ల వ శ ష స హ అ ఆ ఇ ఈ ఉ ఊ ఎ ఏ ఐ ఒ ఓ ఔ క ఖ గ ఘ చ ఛ జ ఝ ట ఠ డ ఢ త థ ద ధ న ప ఫ బ భ మ య ర ల వ శ ష స హ అ ఆ ఇ ఈ ఉ ఊ ఎ ఏ ఐ ఒ ఓ ఔ క ఖ గ ఘ చ ఛ జ ఝ ట ఠ డ ఢ త థ ద ధ న ప ఫ బ భ మ య ర ల వ శ ష స హ అ ఆ ఇ ఈ ఉ ఊ ఎ ఏ ఐ ఒ ఓ ఔ క ఖ గ ఘ చ ఛ జ ఝ ట ఠ డ ఢ త థ ద ధ న ప ఫ బ భ మ య ర ల వ శ ష స హ అ ఆ ఇ ఈ ఉ ఊ ఎ ఏ ఐ ఒ ఓ ఔ క ఖ గ ఘ చ ఛ జ ఝ ట ఠ డ ఢ త థ ద ధ న ప ఫ బ భ మ య ర ల వ శ ష స హ అ ఆ ఇ ఈ ఉ ఊ ఎ ఏ ఐ ఒ ఓ ఔ క ఖ గ ఘ చ ఛ జ ఝ ట ఠ డ ఢ త థ ద ధ న ప ఫ బ భ మ య ర ల వ శ ష స హ అ ఆ ఇ ఈ ఉ ఊ ఎ ఏ ఐ ఒ ఓ ఔ క ఖ గ ఘ చ ఛ జ ఝ ట ఠ డ ఢ త థ ద ధ న ప ఫ బ భ మ య ర ల వ శ ష స హ అ ఆ ఇ ఈ ఉ ఊ ఎ ఏ ఐ ఒ ఓ ఔ క ఖ గ ఘ చ ఛ జ ఝ ట ఠ డ ఢ త థ ద ధ న ప ఫ బ భ మ య ర ల వ శ ష స హ అ ఆ ఇ ఈ ఉ ఊ ఎ ఏ ఐ ఒ ఓ ఔ క ఖ గ ఘ చ ఛ జ ఝ ట ఠ డ ఢ త థ ద ధ న ప ఫ బ భ మ య ర ల వ శ ష స హ అ ఆ ఇ ఈ ఉ ఊ ఎ ఏ ఐ ఒ ఓ ఔ క ఖ గ ఘ చ ఛ జ ఝ ట ఠ డ ఢ త థ ద ధ న ప ఫ బ భ మ య ర ల వ శ ష స హ అ ఆ ఇ ఈ ఉ ఊ ఎ ఏ ఐ ఒ ఓ ఔ క ఖ గ ఘ చ ఛ జ ఝ ట ఠ డ ఢ త థ ద ధ న ప ఫ బ భ మ య ర ల వ శ ష స హ అ ఆ ఇ ఈ ఉ ఊ ఎ ఏ ఐ ఒ ఓ ఔ క ఖ గ ఘ చ ఛ జ ఝ ట ఠ డ ఢ త థ ద ధ న ప ఫ బ భ మ య ర ల వ శ ష స హ అ ఆ ఇ ఈ ఉ ఊ ఎ ఏ ఐ ఒ ఓ ఔ క ఖ గ ఘ చ ఛ జ ఝ ట ఠ డ ఢ త థ ద ధ న ప ఫ బ భ మ య ర ల వ శ ష స హ అ ఆ ఇ ఈ ఉ ఊ ఎ ఏ ఐ ఒ ఓ ఔ క ఖ గ ఘ చ ఛ జ ఝ ట ఠ డ ఢ త థ ద ధ న ప ఫ బ భ మ య ర ల వ శ ష స హ అ ఆ ఇ ఈ ఉ ఊ ఎ ఏ ఐ ఒ ఓ ఔ క ఖ గ ఘ చ ఛ జ ఝ ట ఠ డ ఢ త థ ద ధ న ప ఫ బ భ మ య ర ల వ శ ష స హ అ ఆ ఇ ఈ ఉ ఊ ఎ ఏ ఐ ఒ ఓ ఔ క ఖ గ ఘ చ ఛ జ ఝ ట ఠ డ ఢ త థ ద ధ న ప ఫ బ భ మ య ర ల వ శ ష స హ
ఆ 45 మందికి కరోనా సోకలేదు : గాంధీ ఆస్పత్రి
అ ఆ ఇ ఈ ఉ ఊ ఎ ఏ ఐ ఒ ఓ ఔ క ఖ గ ఘ చ ఛ జ ఝ ట ఠ డ ఢ త థ ద ధ న ప ఫ బ భ మ య ర ల వ శ ష స హ అ ఆ ఇ ఈ ఉ ఊ ఎ ఏ ఐ ఒ ఓ ఔ క ఖ గ ఘ చ ఛ జ ఝ ట ఠ డ ఢ త థ ద ధ న ప ఫ బ భ మ య ర ల వ శ ష స హ అ ఆ ఇ ఈ ఉ ఊ ఎ ఏ ఐ ఒ ఓ ఔ క ఖ గ ఘ చ ఛ జ ఝ ట ఠ డ ఢ త థ ద ధ న ప ఫ బ భ మ య ర ల వ శ ష స హ అ ఆ ఇ ఈ ఉ ఊ ఎ ఏ ఐ ఒ ఓ ఔ క ఖ గ ఘ చ ఛ జ ఝ ట ఠ డ ఢ త థ ద ధ న ప ఫ బ భ మ య ర ల వ శ ష స హ అ ఆ ఇ ఈ ఉ ఊ ఎ ఏ ఐ ఒ ఓ ఔ క ఖ గ ఘ చ ఛ జ ఝ ట ఠ డ ఢ త థ ద ధ న ప ఫ బ భ మ య ర ల వ శ ష స హ అ ఆ ఇ ఈ ఉ ఊ ఎ ఏ ఐ ఒ ఓ ఔ క ఖ గ ఘ చ ఛ జ ఝ ట ఠ డ ఢ త థ ద ధ న ప ఫ బ భ మ య ర ల వ శ ష స హ అ ఆ ఇ ఈ ఉ ఊ ఎ ఏ ఐ ఒ ఓ ఔ క ఖ గ ఘ చ ఛ జ ఝ ట ఠ డ ఢ త థ ద ధ న ప ఫ బ భ మ య ర ల వ శ ష స హ అ ఆ ఇ ఈ ఉ ఊ ఎ ఏ ఐ ఒ ఓ ఔ క ఖ గ ఘ చ ఛ జ ఝ ట ఠ డ ఢ త థ ద ధ న ప ఫ బ భ మ య ర ల వ శ ష స హ అ ఆ ఇ ఈ ఉ ఊ ఎ ఏ ఐ ఒ ఓ ఔ క ఖ గ ఘ చ ఛ జ ఝ ట ఠ డ ఢ త థ ద ధ న ప ఫ బ భ మ య ర ల వ శ ష స హ అ ఆ ఇ ఈ ఉ ఊ ఎ ఏ ఐ ఒ ఓ ఔ క ఖ గ ఘ చ ఛ జ ఝ ట ఠ డ ఢ త థ ద ధ న ప ఫ బ భ మ య ర ల వ శ ష స హ అ ఆ ఇ ఈ ఉ ఊ ఎ ఏ ఐ ఒ ఓ ఔ క ఖ గ ఘ చ ఛ జ ఝ ట ఠ డ ఢ త థ ద ధ న ప ఫ బ భ మ య ర ల వ శ ష స హ అ ఆ ఇ ఈ ఉ ఊ ఎ ఏ ఐ ఒ ఓ ఔ క ఖ గ ఘ చ ఛ జ ఝ ట ఠ డ ఢ త థ ద ధ న ప ఫ బ భ మ య ర ల వ శ ష స హ అ ఆ ఇ ఈ ఉ ఊ ఎ ఏ ఐ ఒ ఓ ఔ క ఖ గ ఘ చ ఛ జ ఝ ట ఠ డ ఢ త థ ద ధ న ప ఫ బ భ మ య ర ల వ శ ష స హ అ ఆ ఇ ఈ ఉ ఊ ఎ ఏ ఐ ఒ ఓ ఔ క ఖ గ ఘ చ ఛ జ ఝ ట ఠ డ ఢ త థ ద ధ న ప ఫ బ భ మ య ర ల వ శ ష స హ అ ఆ ఇ ఈ ఉ ఊ ఎ ఏ ఐ ఒ ఓ ఔ క ఖ గ ఘ చ ఛ జ ఝ ట ఠ డ ఢ త థ ద ధ న ప ఫ బ భ మ య ర ల వ శ ష స హ అ ఆ ఇ ఈ ఉ ఊ ఎ ఏ ఐ ఒ ఓ ఔ క ఖ గ ఘ చ ఛ జ ఝ ట ఠ డ ఢ త థ ద ధ న ప ఫ బ భ మ య ర ల వ శ ష స హ అ ఆ ఇ ఈ ఉ ఊ ఎ ఏ ఐ ఒ ఓ ఔ క ఖ గ ఘ చ ఛ జ ఝ ట ఠ డ ఢ త థ ద ధ న ప ఫ బ భ మ య ర ల వ శ ష స హ అ ఆ ఇ ఈ ఉ ఊ ఎ ఏ ఐ ఒ ఓ ఔ క ఖ గ ఘ చ ఛ జ ఝ ట ఠ డ ఢ త థ ద ధ న ప ఫ బ భ మ య ర ల వ శ ష స హ అ ఆ ఇ ఈ ఉ ఊ ఎ ఏ ఐ ఒ ఓ ఔ క ఖ గ ఘ చ ఛ జ ఝ ట ఠ డ ఢ త థ ద ధ న ప ఫ బ భ మ య ర ల వ శ ష స హ అ ఆ ఇ ఈ ఉ ఊ ఎ ఏ ఐ ఒ ఓ ఔ క ఖ గ ఘ చ ఛ జ ఝ ట ఠ డ ఢ త థ ద ధ న ప ఫ బ భ మ య ర ల వ శ ష స హ అ ఆ ఇ ఈ ఉ ఊ ఎ ఏ ఐ ఒ ఓ ఔ క ఖ గ ఘ చ ఛ జ ఝ ట ఠ డ ఢ త థ ద ధ న ప ఫ బ భ మ య ర ల వ శ ష స హ అ ఆ ఇ ఈ ఉ ఊ ఎ ఏ ఐ ఒ ఓ ఔ క ఖ గ ఘ చ ఛ జ ఝ ట ఠ డ ఢ త థ ద ధ న ప ఫ బ భ మ య ర ల వ శ ష స హ అ ఆ ఇ ఈ ఉ ఊ ఎ ఏ ఐ ఒ ఓ ఔ క ఖ గ ఘ చ ఛ జ ఝ ట ఠ డ ఢ త థ ద ధ న ప ఫ బ భ మ య ర ల వ శ ష స హ అ ఆ ఇ ఈ ఉ ఊ ఎ ఏ ఐ ఒ ఓ ఔ క ఖ గ ఘ చ ఛ జ ఝ ట ఠ డ ఢ త థ ద ధ న ప ఫ బ భ మ య ర ల వ శ ష స హ అ ఆ ఇ ఈ ఉ ఊ ఎ ఏ ఐ ఒ ఓ ఔ క ఖ గ ఘ చ ఛ జ ఝ ట ఠ డ ఢ త థ ద ధ న ప ఫ బ భ మ య ర ల వ శ ష స హ అ ఆ ఇ ఈ ఉ ఊ ఎ ఏ ఐ ఒ ఓ ఔ క ఖ గ ఘ చ ఛ జ ఝ ట ఠ డ ఢ త థ ద ధ న ప ఫ బ భ మ య ర ల వ శ ష స హ అ ఆ ఇ ఈ ఉ ఊ ఎ ఏ ఐ ఒ ఓ ఔ క ఖ గ ఘ చ ఛ జ ఝ ట ఠ డ ఢ త థ ద ధ న ప ఫ బ భ మ య ర ల వ శ ష స హ అ ఆ ఇ ఈ ఉ ఊ ఎ ఏ ఐ ఒ ఓ ఔ క ఖ గ ఘ చ ఛ జ ఝ ట ఠ డ ఢ త థ ద ధ న ప ఫ బ భ మ య ర ల వ శ ష స హ అ ఆ ఇ ఈ ఉ ఊ ఎ ఏ ఐ ఒ ఓ ఔ క ఖ గ ఘ చ ఛ జ ఝ ట ఠ డ ఢ త థ ద ధ న ప ఫ బ భ మ య ర ల వ శ ష స హ అ ఆ ఇ ఈ ఉ ఊ ఎ ఏ ఐ ఒ ఓ ఔ క ఖ గ ఘ చ ఛ జ ఝ ట ఠ డ ఢ త థ ద ధ న ప ఫ బ భ మ య ర ల వ శ ష స హ అ ఆ ఇ ఈ ఉ ఊ ఎ ఏ ఐ ఒ ఓ ఔ క ఖ గ ఘ చ ఛ జ ఝ ట ఠ డ ఢ త థ ద ధ న ప ఫ బ భ మ య ర ల వ శ ష స హ అ ఆ ఇ ఈ ఉ ఊ ఎ ఏ ఐ ఒ ఓ ఔ క ఖ గ ఘ చ ఛ జ ఝ ట ఠ డ ఢ త థ ద ధ న ప ఫ బ భ మ య ర ల వ శ ష స హ అ ఆ ఇ ఈ ఉ ఊ ఎ ఏ ఐ ఒ ఓ ఔ క ఖ గ ఘ చ ఛ జ ఝ ట ఠ డ ఢ త థ ద ధ న ప ఫ బ భ మ య ర ల వ శ ష స హ అ ఆ ఇ ఈ ఉ ఊ ఎ ఏ ఐ ఒ ఓ ఔ క ఖ గ ఘ చ ఛ జ ఝ ట ఠ డ ఢ త థ ద ధ న ప ఫ బ భ మ య ర ల వ శ ష స హ అ ఆ ఇ ఈ ఉ ఊ ఎ ఏ ఐ ఒ ఓ ఔ క ఖ గ ఘ చ ఛ జ ఝ ట ఠ డ ఢ త థ ద ధ న ప ఫ బ భ మ య ర ల వ శ ష స హ అ ఆ ఇ ఈ ఉ ఊ ఎ ఏ ఐ ఒ ఓ ఔ క ఖ గ ఘ చ ఛ జ ఝ ట ఠ డ ఢ త థ ద ధ న ప ఫ బ భ మ య ర ల వ శ ష స హ అ ఆ ఇ ఈ ఉ ఊ ఎ ఏ ఐ ఒ ఓ ఔ క ఖ గ ఘ చ ఛ జ ఝ ట ఠ డ ఢ త థ ద ధ న ప ఫ బ భ మ య ర ల వ శ ష స హ అ ఆ ఇ ఈ ఉ ఊ ఎ ఏ ఐ ఒ ఓ ఔ క ఖ గ ఘ చ ఛ జ ఝ ట ఠ డ ఢ త థ ద ధ న ప ఫ బ భ మ య ర ల వ శ ష స హ అ ఆ ఇ ఈ ఉ ఊ ఎ ఏ ఐ ఒ ఓ ఔ క ఖ గ ఘ చ ఛ జ ఝ ట ఠ డ ఢ త థ ద ధ న ప ఫ బ భ మ య ర ల వ శ ష స హ అ ఆ ఇ ఈ ఉ ఊ ఎ ఏ ఐ ఒ ఓ ఔ క ఖ గ ఘ చ ఛ జ ఝ ట ఠ డ ఢ త థ ద ధ న ప ఫ బ భ మ య ర ల వ శ ష స హ అ ఆ ఇ ఈ ఉ ఊ ఎ ఏ ఐ ఒ ఓ ఔ క ఖ గ ఘ చ ఛ జ ఝ ట ఠ డ ఢ త థ ద ధ న ప ఫ బ భ మ య ర ల వ శ ష స హ అ ఆ ఇ ఈ ఉ ఊ ఎ ఏ ఐ ఒ ఓ ఔ క ఖ గ ఘ చ ఛ జ ఝ ట ఠ డ ఢ త థ ద ధ న ప ఫ బ భ మ య ర ల వ శ ష స హ
గవర్నర్ తమిళిసైతో సిఎం కెసిఆర్ భేటీ
అ ఆ ఇ ఈ ఉ ఊ ఎ ఏ ఐ ఒ ఓ ఔ క ఖ గ ఘ చ ఛ జ ఝ ట ఠ డ ఢ త థ ద ధ న ప ఫ బ భ మ య ర ల వ శ ష స హ అ ఆ ఇ ఈ ఉ ఊ ఎ ఏ ఐ ఒ ఓ ఔ క ఖ గ ఘ చ ఛ జ ఝ ట ఠ డ ఢ త థ ద ధ న ప ఫ బ భ మ య ర ల వ శ ష స హ అ ఆ ఇ ఈ ఉ ఊ ఎ ఏ ఐ ఒ ఓ ఔ క ఖ గ ఘ చ ఛ జ ఝ ట ఠ డ ఢ త థ ద ధ న ప ఫ బ భ మ య ర ల వ శ ష స హ అ ఆ ఇ ఈ ఉ ఊ ఎ ఏ ఐ ఒ ఓ ఔ క ఖ గ ఘ చ ఛ జ ఝ ట ఠ డ ఢ త థ ద ధ న ప ఫ బ భ మ య ర ల వ శ ష స హ అ ఆ ఇ ఈ ఉ ఊ ఎ ఏ ఐ ఒ ఓ ఔ క ఖ గ ఘ చ ఛ జ ఝ ట ఠ డ ఢ త థ ద ధ న ప ఫ బ భ మ య ర ల వ శ ష స హ అ ఆ ఇ ఈ ఉ ఊ ఎ ఏ ఐ ఒ ఓ ఔ క ఖ గ ఘ చ ఛ జ ఝ ట ఠ డ ఢ త థ ద ధ న ప ఫ బ భ మ య ర ల వ శ ష స హ అ ఆ ఇ ఈ ఉ ఊ ఎ ఏ ఐ ఒ ఓ ఔ క ఖ గ ఘ చ ఛ జ ఝ ట ఠ డ ఢ త థ ద ధ న ప ఫ బ భ మ య ర ల వ శ ష స హ అ ఆ ఇ ఈ ఉ ఊ ఎ ఏ ఐ ఒ ఓ ఔ క ఖ గ ఘ చ ఛ జ ఝ ట ఠ డ ఢ త థ ద ధ న ప ఫ బ భ మ య ర ల వ శ ష స హ అ ఆ ఇ ఈ ఉ ఊ ఎ ఏ ఐ ఒ ఓ ఔ క ఖ గ ఘ చ ఛ జ ఝ ట ఠ డ ఢ త థ ద ధ న ప ఫ బ భ మ య ర ల వ శ ష స హ అ ఆ ఇ ఈ ఉ ఊ ఎ ఏ ఐ ఒ ఓ ఔ క ఖ గ ఘ చ ఛ జ ఝ ట ఠ డ ఢ త థ ద ధ న ప ఫ బ భ మ య ర ల వ శ ష స హ అ ఆ ఇ ఈ ఉ ఊ ఎ ఏ ఐ ఒ ఓ ఔ క ఖ గ ఘ చ ఛ జ ఝ ట ఠ డ ఢ త థ ద ధ న ప ఫ బ భ మ య ర ల వ శ ష స హ అ ఆ ఇ ఈ ఉ ఊ ఎ ఏ ఐ ఒ ఓ ఔ క ఖ గ ఘ చ ఛ జ ఝ ట ఠ డ ఢ త థ ద ధ న ప ఫ బ భ మ య ర ల వ శ ష స హ అ ఆ ఇ ఈ ఉ ఊ ఎ ఏ ఐ ఒ ఓ ఔ క ఖ గ ఘ చ ఛ జ ఝ ట ఠ డ ఢ త థ ద ధ న ప ఫ బ భ మ య ర ల వ శ ష స హ అ ఆ ఇ ఈ ఉ ఊ ఎ ఏ ఐ ఒ ఓ ఔ క ఖ గ ఘ చ ఛ జ ఝ ట ఠ డ ఢ త థ ద ధ న ప ఫ బ భ మ య ర ల వ శ ష స హ అ ఆ ఇ ఈ ఉ ఊ ఎ ఏ ఐ ఒ ఓ ఔ క ఖ గ ఘ చ ఛ జ ఝ ట ఠ డ ఢ త థ ద ధ న ప ఫ బ భ మ య ర ల వ శ ష స హ అ ఆ ఇ ఈ ఉ ఊ ఎ ఏ ఐ ఒ ఓ ఔ క ఖ గ ఘ చ ఛ జ ఝ ట ఠ డ ఢ త థ ద ధ న ప ఫ బ భ మ య ర ల వ శ ష స హ అ ఆ ఇ ఈ ఉ ఊ ఎ ఏ ఐ ఒ ఓ ఔ క ఖ గ ఘ చ ఛ జ ఝ ట ఠ డ ఢ త థ ద ధ న ప ఫ బ భ మ య ర ల వ శ ష స హ అ ఆ ఇ ఈ ఉ ఊ ఎ ఏ ఐ ఒ ఓ ఔ క ఖ గ ఘ చ ఛ జ ఝ ట ఠ డ ఢ త థ ద ధ న ప ఫ బ భ మ య ర ల వ శ ష స హ
ఉభయసభల్లో ఆందోళన
అ ఆ ఇ ఈ ఉ ఊ ఎ ఏ ఐ ఒ ఓ ఔ క ఖ గ ఘ చ ఛ జ ఝ ట ఠ డ ఢ త థ ద ధ న ప ఫ బ భ మ య ర ల వ శ ష స హ అ ఆ ఇ ఈ ఉ ఊ ఎ ఏ ఐ ఒ ఓ ఔ క ఖ గ ఘ చ ఛ జ ఝ ట ఠ డ ఢ త థ ద ధ న ప ఫ బ భ మ య ర ల వ శ ష స హ అ ఆ ఇ ఈ ఉ ఊ ఎ ఏ ఐ ఒ ఓ ఔ క ఖ గ ఘ చ ఛ జ ఝ ట ఠ డ ఢ త థ ద ధ న ప ఫ బ భ మ య ర ల వ శ ష స హ అ ఆ ఇ ఈ ఉ ఊ ఎ ఏ ఐ ఒ ఓ ఔ క ఖ గ ఘ చ ఛ జ ఝ ట ఠ డ ఢ త థ ద ధ న ప ఫ బ భ మ య ర ల వ శ ష స హ అ ఆ ఇ ఈ ఉ ఊ ఎ ఏ ఐ ఒ ఓ ఔ క ఖ గ ఘ చ ఛ జ ఝ ట ఠ డ ఢ త థ ద ధ న ప ఫ బ భ మ య ర ల వ శ ష స హ అ ఆ ఇ ఈ ఉ ఊ ఎ ఏ ఐ ఒ ఓ ఔ క ఖ గ ఘ చ ఛ జ ఝ ట ఠ డ ఢ త థ ద ధ న ప ఫ బ భ మ య ర ల వ శ ష స హ అ ఆ ఇ ఈ ఉ ఊ ఎ ఏ ఐ ఒ ఓ ఔ క ఖ గ ఘ చ ఛ జ ఝ ట ఠ డ ఢ త థ ద ధ న ప ఫ బ భ మ య ర ల వ శ ష స హ అ ఆ ఇ ఈ ఉ ఊ ఎ ఏ ఐ ఒ ఓ ఔ క ఖ గ ఘ చ ఛ జ ఝ ట ఠ డ ఢ త థ ద ధ న ప ఫ బ భ మ య ర ల వ శ ష స హ అ ఆ ఇ ఈ ఉ ఊ ఎ ఏ ఐ ఒ ఓ ఔ క ఖ గ ఘ చ ఛ జ ఝ ట ఠ డ ఢ త థ ద ధ న ప ఫ బ భ మ య ర ల వ శ ష స హ అ ఆ ఇ ఈ ఉ ఊ ఎ ఏ ఐ ఒ ఓ ఔ క ఖ గ ఘ చ ఛ జ ఝ ట ఠ డ ఢ త థ ద ధ న ప ఫ బ భ మ య ర ల వ శ ష స హ అ ఆ ఇ ఈ ఉ ఊ ఎ ఏ ఐ ఒ ఓ ఔ క ఖ గ ఘ చ ఛ జ ఝ ట ఠ డ ఢ త థ ద ధ న ప ఫ బ భ మ య ర ల వ శ ష స హ అ ఆ ఇ ఈ ఉ ఊ ఎ ఏ ఐ ఒ ఓ ఔ క ఖ గ ఘ చ ఛ జ ఝ ట ఠ డ ఢ త థ ద ధ న ప ఫ బ భ మ య ర ల వ శ ష స హ అ ఆ ఇ ఈ ఉ ఊ ఎ ఏ ఐ ఒ ఓ ఔ క ఖ గ ఘ చ ఛ జ ఝ ట ఠ డ ఢ త థ ద ధ న ప ఫ బ భ మ య ర ల వ శ ష స హ అ ఆ ఇ ఈ ఉ ఊ ఎ ఏ ఐ ఒ ఓ ఔ క ఖ గ ఘ చ ఛ జ ఝ ట ఠ డ ఢ త థ ద ధ న ప ఫ బ భ మ య ర ల వ శ ష స హ అ ఆ ఇ ఈ ఉ ఊ ఎ ఏ ఐ ఒ ఓ ఔ క ఖ గ ఘ చ ఛ జ ఝ ట ఠ డ ఢ త థ ద ధ న ప ఫ బ భ మ య ర ల వ శ ష స హ అ ఆ ఇ ఈ ఉ ఊ ఎ ఏ ఐ ఒ ఓ ఔ క ఖ గ ఘ చ ఛ జ ఝ ట ఠ డ ఢ త థ ద ధ న ప ఫ బ భ మ య ర ల వ శ ష స హ అ ఆ ఇ ఈ ఉ ఊ ఎ ఏ ఐ ఒ ఓ ఔ క ఖ గ ఘ చ ఛ జ ఝ ట ఠ డ ఢ త థ ద ధ న ప ఫ బ భ మ య ర ల వ శ ష స హ అ ఆ ఇ ఈ ఉ ఊ ఎ ఏ ఐ ఒ ఓ ఔ క ఖ గ ఘ చ ఛ జ ఝ ట ఠ డ ఢ త థ ద ధ న ప ఫ బ భ మ య ర ల వ శ ష స హ అ ఆ ఇ ఈ ఉ ఊ ఎ ఏ ఐ ఒ ఓ ఔ క ఖ గ ఘ చ ఛ జ ఝ ట ఠ డ ఢ త థ ద ధ న ప ఫ బ భ మ య ర ల వ శ ష స హ అ ఆ ఇ ఈ ఉ ఊ ఎ ఏ ఐ ఒ ఓ ఔ క ఖ గ ఘ చ ఛ జ ఝ ట ఠ డ ఢ త థ ద ధ న ప ఫ బ భ మ య ర ల వ శ ష స హ అ ఆ ఇ ఈ ఉ ఊ ఎ ఏ ఐ ఒ ఓ ఔ క ఖ గ ఘ చ ఛ జ ఝ ట ఠ డ ఢ త థ ద ధ న ప ఫ బ భ మ య ర ల వ శ ష స హ అ ఆ ఇ ఈ ఉ ఊ ఎ ఏ ఐ ఒ ఓ ఔ క ఖ గ ఘ చ ఛ జ ఝ ట ఠ డ ఢ త థ ద ధ న ప ఫ బ భ మ య ర ల వ శ ష స హ
భారత్‌లో 28 కరోనా పాజిటివ్ కేసులు
న్యూఢిల్లీ, మార్చి 4(జనంసాక్షి):
అ ఆ ఇ ఈ ఉ ఊ ఎ ఏ ఐ ఒ ఓ ఔ క ఖ గ ఘ చ ఛ జ ఝ ట ఠ డ ఢ త థ ద ధ న ప ఫ బ భ మ య ర ల వ శ ష స హ అ ఆ ఇ ఈ ఉ ఊ ఎ ఏ ఐ ఒ ఓ ఔ క ఖ గ ఘ చ ఛ జ ఝ ట ఠ డ ఢ త థ ద ధ న ప ఫ బ భ మ య ర ల వ శ ష స హ అ ఆ ఇ ఈ ఉ ఊ ఎ ఏ ఐ ఒ ఓ ఔ క ఖ గ ఘ చ ఛ జ ఝ ట ఠ డ ఢ త థ ద ధ న ప ఫ బ భ మ య ర ల వ శ ష స హ అ ఆ ఇ ఈ ఉ ఊ ఎ ఏ ఐ ఒ ఓ ఔ క ఖ గ ఘ చ ఛ జ ఝ ట ఠ డ ఢ త థ ద ధ న ప ఫ బ భ మ య ర ల వ శ ష స హ అ ఆ ఇ ఈ ఉ ఊ ఎ ఏ ఐ ఒ ఓ ఔ క ఖ గ ఘ చ ఛ జ ఝ ట ఠ డ ఢ త థ ద ధ న ప ఫ బ భ మ య ర ల వ శ ష స హ అ ఆ ఇ ఈ ఉ ఊ ఎ ఏ ఐ ఒ ఓ ఔ క ఖ గ ఘ చ ఛ జ ఝ ట ఠ డ ఢ త థ ద ధ న ప ఫ బ భ మ య ర ల వ శ ష స హ అ ఆ ఇ ఈ ఉ ఊ ఎ ఏ ఐ ఒ ఓ ఔ క ఖ గ ఘ చ ఛ జ ఝ ట ఠ డ ఢ త థ ద ధ న ప ఫ బ భ మ య ర ల వ శ ష స హ అ ఆ ఇ ఈ ఉ ఊ ఎ ఏ ఐ ఒ ఓ ఔ క ఖ గ ఘ చ ఛ జ ఝ ట ఠ డ ఢ త థ ద ధ న ప ఫ బ భ మ య ర ల వ శ ష స హ అ ఆ ఇ ఈ ఉ ఊ ఎ ఏ ఐ ఒ ఓ ఔ క ఖ గ ఘ చ ఛ జ ఝ ట ఠ డ ఢ త థ ద ధ న ప ఫ బ భ మ య ర ల వ శ ష స హ అ ఆ ఇ ఈ ఉ ఊ ఎ ఏ ఐ ఒ ఓ ఔ క ఖ గ ఘ చ ఛ జ ఝ ట ఠ డ ఢ త థ ద ధ న ప ఫ బ భ మ య ర ల వ శ ష స హ అ ఆ ఇ ఈ ఉ ఊ ఎ ఏ ఐ ఒ ఓ ఔ క ఖ గ ఘ చ ఛ జ ఝ ట ఠ డ ఢ త థ ద ధ న ప ఫ బ భ మ య ర ల వ శ ష స హ అ ఆ ఇ ఈ ఉ ఊ ఎ ఏ ఐ ఒ ఓ ఔ క ఖ గ ఘ చ ఛ జ ఝ ట ఠ డ ఢ త థ ద ధ న ప ఫ బ భ మ య ర ల వ శ ష స హ అ ఆ ఇ ఈ ఉ ఊ ఎ ఏ ఐ ఒ ఓ ఔ క ఖ గ ఘ చ ఛ జ ఝ ట ఠ డ ఢ త థ ద ధ న ప ఫ బ భ మ య ర ల వ శ ష స హ అ ఆ ఇ ఈ ఉ ఊ ఎ ఏ ఐ ఒ ఓ ఔ క ఖ గ ఘ చ ఛ జ ఝ ట ఠ డ ఢ త థ ద ధ న ప ఫ బ భ మ య ర ల వ శ ష స హ అ ఆ ఇ ఈ ఉ ఊ ఎ ఏ ఐ ఒ ఓ ఔ క ఖ గ ఘ చ ఛ జ ఝ ట ఠ డ ఢ త థ ద ధ న ప ఫ బ భ మ య ర ల వ శ ష స హ అ ఆ ఇ ఈ ఉ ఊ ఎ ఏ ఐ ఒ ఓ ఔ క ఖ గ ఘ చ ఛ జ ఝ ట ఠ డ ఢ త థ ద ధ న ప ఫ బ భ మ య ర ల వ శ ష స హ అ ఆ ఇ ఈ ఉ ఊ ఎ ఏ ఐ ఒ ఓ ఔ క ఖ గ ఘ చ ఛ జ ఝ ట ఠ డ ఢ త థ ద ధ న ప ఫ బ భ మ య ర ల వ శ ష స హ అ ఆ ఇ ఈ ఉ ఊ ఎ ఏ ఐ ఒ ఓ ఔ క ఖ గ ఘ చ ఛ జ ఝ ట ఠ డ ఢ త థ ద ధ న ప ఫ బ భ మ య ర ల వ శ ష స హ అ ఆ ఇ ఈ ఉ ఊ ఎ ఏ ఐ ఒ ఓ ఔ క ఖ గ ఘ చ ఛ జ ఝ ట ఠ డ ఢ త థ ద ధ న ప ఫ బ భ మ య ర ల వ శ ష స హ అ ఆ ఇ ఈ ఉ ఊ ఎ ఏ ఐ ఒ ఓ ఔ క ఖ గ ఘ చ ఛ జ ఝ ట ఠ డ ఢ త థ ద ధ న ప ఫ బ భ మ య ర ల వ శ ష స హ అ ఆ ఇ ఈ ఉ ఊ ఎ ఏ ఐ ఒ ఓ ఔ క ఖ గ ఘ చ ఛ జ ఝ ట ఠ డ ఢ త థ ద ధ న ప ఫ బ భ మ య ర ల వ శ ష స హ అ ఆ ఇ ఈ ఉ ఊ ఎ ఏ ఐ ఒ ఓ ఔ క ఖ గ ఘ చ ఛ జ ఝ ట ఠ డ ఢ త థ ద ధ న ప ఫ బ భ మ య ర ల వ శ ష స హ అ ఆ ఇ ఈ ఉ ఊ ఎ ఏ ఐ ఒ ఓ ఔ క ఖ గ ఘ చ ఛ జ ఝ ట ఠ డ ఢ త థ ద ధ న ప ఫ బ భ మ య ర ల వ శ ష స హ అ ఆ ఇ ఈ ఉ ఊ ఎ ఏ ఐ ఒ ఓ ఔ క ఖ గ ఘ చ ఛ జ ఝ ట ఠ డ ఢ త థ ద ధ న ప ఫ బ భ మ య ర ల వ శ ష స హ అ ఆ ఇ ఈ ఉ ఊ ఎ ఏ ఐ ఒ ఓ ఔ క ఖ గ ఘ చ ఛ జ ఝ ట ఠ డ ఢ త థ ద ధ న ప ఫ బ భ మ య ర ల వ శ ష స హ అ ఆ ఇ ఈ ఉ ఊ ఎ ఏ ఐ ఒ ఓ ఔ క ఖ గ ఘ చ ఛ జ ఝ ట ఠ డ ఢ త థ ద ధ న ప ఫ బ భ మ య ర ల వ శ ష స హ అ ఆ ఇ ఈ ఉ ఊ ఎ ఏ ఐ ఒ ఓ ఔ క ఖ గ ఘ చ ఛ జ ఝ ట ఠ డ ఢ త థ ద ధ న ప ఫ బ భ మ య ర ల వ శ ష స హ అ ఆ ఇ ఈ ఉ ఊ ఎ ఏ ఐ ఒ ఓ ఔ క ఖ గ ఘ చ ఛ జ ఝ ట ఠ డ ఢ త థ ద ధ న ప ఫ బ భ మ య ర ల వ శ ష స హ అ ఆ ఇ ఈ ఉ ఊ ఎ ఏ ఐ ఒ ఓ ఔ క ఖ గ ఘ చ ఛ జ ఝ ట ఠ డ ఢ త థ ద ధ న ప ఫ బ భ మ య ర ల వ శ ష స హ అ ఆ ఇ ఈ ఉ ఊ ఎ ఏ ఐ ఒ ఓ ఔ క ఖ గ ఘ చ ఛ జ ఝ ట ఠ డ ఢ త థ ద ధ న ప ఫ బ భ మ య ర ల వ శ ష స హ
కరోనాపై ఆందోళన అవసరం లేదు
అ ఆ ఇ ఈ ఉ ఊ ఎ ఏ ఐ ఒ ఓ ఔ క ఖ గ ఘ చ ఛ జ ఝ ట ఠ డ ఢ త థ ద ధ న ప ఫ బ భ మ య ర ల వ శ ష స హ అ ఆ ఇ ఈ ఉ ఊ ఎ ఏ ఐ ఒ ఓ ఔ క ఖ గ ఘ చ ఛ జ ఝ ట ఠ డ ఢ త థ ద ధ న ప ఫ బ భ మ య ర ల వ శ ష స హ అ ఆ ఇ ఈ ఉ ఊ ఎ ఏ ఐ ఒ ఓ ఔ క ఖ గ ఘ చ ఛ జ ఝ ట ఠ డ ఢ త థ ద ధ న ప ఫ బ భ మ య ర ల వ శ ష స హ అ ఆ ఇ ఈ ఉ ఊ ఎ ఏ ఐ ఒ ఓ ఔ క ఖ గ ఘ చ ఛ జ ఝ ట ఠ డ ఢ త థ ద ధ న ప ఫ బ భ మ య ర ల వ శ ష స హ అ ఆ ఇ ఈ ఉ ఊ ఎ ఏ ఐ ఒ ఓ ఔ క ఖ గ ఘ చ ఛ జ ఝ ట ఠ డ ఢ త థ ద ధ న ప ఫ బ భ మ య ర ల వ శ ష స హ అ ఆ ఇ ఈ ఉ ఊ ఎ ఏ ఐ ఒ ఓ ఔ క ఖ గ ఘ చ ఛ జ ఝ ట ఠ డ ఢ త థ ద ధ న ప ఫ బ భ మ య ర ల వ శ ష స హ అ ఆ ఇ ఈ ఉ ఊ ఎ ఏ ఐ ఒ ఓ ఔ క ఖ గ ఘ చ ఛ జ ఝ ట ఠ డ ఢ త థ ద ధ న ప ఫ బ భ మ య ర ల వ శ ష స హ అ ఆ ఇ ఈ ఉ ఊ ఎ ఏ ఐ ఒ ఓ ఔ క ఖ గ ఘ చ ఛ జ ఝ ట ఠ డ ఢ త థ ద ధ న ప ఫ బ భ మ య ర ల వ శ ష స హ అ ఆ ఇ ఈ ఉ ఊ ఎ ఏ ఐ ఒ ఓ ఔ క ఖ గ ఘ చ ఛ జ ఝ ట ఠ డ ఢ త థ ద ధ న ప ఫ బ భ మ య ర ల వ శ ష స హ అ ఆ ఇ ఈ ఉ ఊ ఎ ఏ ఐ ఒ ఓ ఔ క ఖ గ ఘ చ ఛ జ ఝ ట ఠ డ ఢ త థ ద ధ న ప ఫ బ భ మ య ర ల వ శ ష స హ అ ఆ ఇ ఈ ఉ ఊ ఎ ఏ ఐ ఒ ఓ ఔ క ఖ గ ఘ చ ఛ జ ఝ ట ఠ డ ఢ త థ ద ధ న ప ఫ బ భ మ య ర ల వ శ ష స హ అ ఆ ఇ ఈ ఉ ఊ ఎ ఏ ఐ ఒ ఓ ఔ క ఖ గ ఘ చ ఛ జ ఝ ట ఠ డ ఢ త థ ద ధ న ప ఫ బ భ మ య ర ల వ శ ష స హ అ ఆ ఇ ఈ ఉ ఊ ఎ ఏ ఐ ఒ ఓ ఔ క ఖ గ ఘ చ ఛ జ ఝ ట ఠ డ ఢ త థ ద ధ న ప ఫ బ భ మ య ర ల వ శ ష స హ అ ఆ ఇ ఈ ఉ ఊ ఎ ఏ ఐ ఒ ఓ ఔ క ఖ గ ఘ చ ఛ జ ఝ ట ఠ డ ఢ త థ ద ధ న ప ఫ బ భ మ య ర ల వ శ ష స హ అ ఆ ఇ ఈ ఉ ఊ ఎ ఏ ఐ ఒ ఓ ఔ క ఖ గ ఘ చ ఛ జ ఝ ట ఠ డ ఢ త థ ద ధ న ప ఫ బ భ మ య ర ల వ శ ష స హ అ ఆ ఇ ఈ ఉ ఊ ఎ ఏ ఐ ఒ ఓ ఔ క ఖ గ ఘ చ ఛ జ ఝ ట ఠ డ ఢ త థ ద ధ న ప ఫ బ భ మ య ర ల వ శ ష స హ అ ఆ ఇ ఈ ఉ ఊ ఎ ఏ ఐ ఒ ఓ ఔ క ఖ గ ఘ చ ఛ జ ఝ ట ఠ డ ఢ త థ ద ధ న ప ఫ బ భ మ య ర ల వ శ ష స హ అ ఆ ఇ ఈ ఉ ఊ ఎ ఏ ఐ ఒ ఓ ఔ క ఖ గ ఘ చ ఛ జ ఝ ట ఠ డ ఢ త థ ద ధ న ప ఫ బ భ మ య ర ల వ శ ష స హ అ ఆ ఇ ఈ ఉ ఊ ఎ ఏ ఐ ఒ ఓ ఔ క ఖ గ ఘ చ ఛ జ ఝ ట ఠ డ ఢ త థ ద ధ న ప ఫ బ భ మ య ర ల వ శ ష స హ అ ఆ ఇ ఈ ఉ ఊ ఎ ఏ ఐ ఒ ఓ ఔ క ఖ గ ఘ చ ఛ జ ఝ ట ఠ డ ఢ త థ ద ధ న ప ఫ బ భ మ య ర ల వ శ ష స హ
హోలీ వేడుకల్లో పాల్గొనం
అ ఆ ఇ ఈ ఉ ఊ ఎ ఏ ఐ ఒ ఓ ఔ క ఖ గ ఘ చ ఛ జ ఝ ట ఠ డ ఢ త థ ద ధ న ప ఫ బ భ మ య ర ల వ శ ష స హ అ ఆ ఇ ఈ ఉ ఊ ఎ ఏ ఐ ఒ ఓ ఔ క ఖ గ ఘ చ ఛ జ ఝ ట ఠ డ ఢ త థ ద ధ న ప ఫ బ భ మ య ర ల వ శ ష స హ అ ఆ ఇ ఈ ఉ ఊ ఎ ఏ ఐ ఒ ఓ ఔ క ఖ గ ఘ చ ఛ జ ఝ ట ఠ డ ఢ త థ ద ధ న ప ఫ బ భ మ య ర ల వ శ ష స హ అ ఆ ఇ ఈ ఉ ఊ ఎ ఏ ఐ ఒ ఓ ఔ క ఖ గ ఘ చ ఛ జ ఝ ట ఠ డ ఢ త థ ద ధ న ప ఫ బ భ మ య ర ల వ శ ష స హ అ ఆ ఇ ఈ ఉ ఊ ఎ ఏ ఐ ఒ ఓ ఔ క ఖ గ ఘ చ ఛ జ ఝ ట ఠ డ ఢ త థ ద ధ న ప ఫ బ భ మ య ర ల వ శ ష స హ అ ఆ ఇ ఈ ఉ ఊ ఎ ఏ ఐ ఒ ఓ ఔ క ఖ గ ఘ చ ఛ జ ఝ ట ఠ డ ఢ త థ ద ధ న ప ఫ బ భ మ య ర ల వ శ ష స హ అ ఆ ఇ ఈ ఉ ఊ ఎ ఏ ఐ ఒ ఓ ఔ క ఖ గ ఘ చ ఛ జ ఝ ట ఠ డ ఢ త థ ద ధ న ప ఫ బ భ మ య ర ల వ శ ష స హ అ ఆ ఇ ఈ ఉ ఊ ఎ ఏ ఐ ఒ ఓ ఔ క ఖ గ ఘ చ ఛ జ ఝ ట ఠ డ ఢ త థ ద ధ న ప ఫ బ భ మ య ర ల వ శ ష స హ అ ఆ ఇ ఈ ఉ ఊ ఎ ఏ ఐ ఒ ఓ ఔ క ఖ గ ఘ చ ఛ జ ఝ ట ఠ డ ఢ త థ ద ధ న ప ఫ బ భ మ య ర ల వ శ ష స హ అ ఆ ఇ ఈ ఉ ఊ ఎ ఏ ఐ ఒ ఓ ఔ క ఖ గ ఘ చ ఛ జ ఝ ట ఠ డ ఢ త థ ద ధ న ప ఫ బ భ మ య ర ల వ శ ష స హ అ ఆ ఇ ఈ ఉ ఊ ఎ ఏ ఐ ఒ ఓ ఔ క ఖ గ ఘ చ ఛ జ ఝ ట ఠ డ ఢ త థ ద ధ న ప ఫ బ భ మ య ర ల వ శ ష స హ అ ఆ ఇ ఈ ఉ ఊ ఎ ఏ ఐ ఒ ఓ ఔ క ఖ గ ఘ చ ఛ జ ఝ ట ఠ డ ఢ త థ ద ధ న ప ఫ బ భ మ య ర ల వ శ ష స హ అ ఆ ఇ ఈ ఉ ఊ ఎ ఏ ఐ ఒ ఓ ఔ క ఖ గ ఘ చ ఛ జ ఝ ట ఠ డ ఢ త థ ద ధ న ప ఫ బ భ మ య ర ల వ శ ష స హ అ ఆ ఇ ఈ ఉ ఊ ఎ ఏ ఐ ఒ ఓ ఔ క ఖ గ ఘ చ ఛ జ ఝ ట ఠ డ ఢ త థ ద ధ న ప ఫ బ భ మ య ర ల వ శ ష స హ అ ఆ ఇ ఈ ఉ ఊ ఎ ఏ ఐ ఒ ఓ ఔ క ఖ గ ఘ చ ఛ జ ఝ ట ఠ డ ఢ త థ ద ధ న ప ఫ బ భ మ య ర ల వ శ ష స హ అ ఆ ఇ ఈ ఉ ఊ ఎ ఏ ఐ ఒ ఓ ఔ క ఖ గ ఘ చ ఛ జ ఝ ట ఠ డ ఢ త థ ద ధ న ప ఫ బ భ మ య ర ల వ శ ష స హ అ ఆ ఇ ఈ ఉ ఊ ఎ ఏ ఐ ఒ ఓ ఔ క ఖ గ ఘ చ ఛ జ ఝ ట ఠ డ ఢ త థ ద ధ న ప ఫ బ భ మ య ర ల వ శ ష స హ అ ఆ ఇ ఈ ఉ ఊ ఎ ఏ ఐ ఒ ఓ ఔ క ఖ గ ఘ చ ఛ జ ఝ ట ఠ డ ఢ త థ ద ధ న ప ఫ బ భ మ య ర ల వ శ ష స హ
తెలంగాణ ప్రభుత్వం
రోడ్లు మరియు భవనాల శాఖ, కొత్తగూడెం
★
ఇ-ప్రొక్యూర్‌మెంట్ టెండర్ ప్రకటన
Date:02.03.2020
అ ఆ ఇ ఈ ఉ ఊ ఎ ఏ ఐ ఒ ఓ ఔ క ఖ గ ఘ చ ఛ జ ఝ ట ఠ డ ఢ త థ ద ధ న ప ఫ బ భ మ య ర ల వ శ ష స హ అ ఆ ఇ ఈ ఉ ఊ ఎ ఏ ఐ ఒ ఓ ఔ క ఖ గ ఘ చ ఛ జ ఝ ట ఠ డ ఢ త థ ద ధ న ప ఫ బ భ మ య ర ల వ శ ష స హ అ ఆ ఇ ఈ ఉ ఊ ఎ ఏ ఐ ఒ ఓ ఔ క ఖ గ ఘ చ ఛ జ ఝ ట ఠ డ ఢ త థ ద ధ న ప ఫ బ భ మ య ర ల వ శ ష స హ
సూపరింటెండింగ్ ఇంజనీర్, రో&భ శాఖ, కొత్తగూడెం
ప్రశాంతంగా జరిగిన ఇంటర్మీడియట్ పరీక్ష
- పరీక్ష సెంటర్లను సందర్శించిన కలెక్టర్ పెద్దపల్లి - నోడల్ అధికారి డి.కల్పన
అ ఆ ఇ ఈ ఉ ఊ ఎ ఏ ఐ ఒ ఓ ఔ క ఖ గ ఘ చ ఛ జ ఝ ట ఠ డ ఢ త థ ద ధ న ప ఫ బ భ మ య ర ల వ శ ష స హ అ ఆ ఇ ఈ ఉ ఊ ఎ ఏ ఐ ఒ ఓ ఔ క ఖ గ ఘ చ ఛ జ ఝ ట ఠ డ ఢ త థ ద ధ న ప ఫ బ భ మ య ర ల వ శ ష స హ అ ఆ ఇ ఈ ఉ ఊ ఎ ఏ ఐ ఒ ఓ ఔ క ఖ గ ఘ చ ఛ జ ఝ ట ఠ డ ఢ త థ ద ధ న ప ఫ బ భ మ య ర ల వ శ ష స హ అ ఆ ఇ ఈ ఉ ఊ ఎ ఏ ఐ ఒ ఓ ఔ క ఖ గ ఘ చ ఛ జ ఝ ట ఠ డ ఢ త థ ద ధ న ప ఫ బ భ మ య ర ల వ శ ష స హ అ ఆ ఇ ఈ ఉ ఊ ఎ ఏ ఐ ఒ ఓ ఔ క ఖ గ ఘ చ ఛ జ ఝ ట ఠ డ ఢ త థ ద ధ న ప ఫ బ భ మ య ర ల వ శ ష స హ అ ఆ ఇ ఈ ఉ ఊ ఎ ఏ ఐ ఒ ఓ ఔ క ఖ గ ఘ చ ఛ జ ఝ ట ఠ డ ఢ త థ ద ధ న ప ఫ బ భ మ య ర ల వ శ ష స హ అ ఆ ఇ ఈ ఉ ఊ ఎ ఏ ఐ ఒ ఓ ఔ క ఖ గ ఘ చ ఛ జ ఝ ట ఠ డ ఢ త థ ద ధ న ప ఫ బ భ మ య ర ల వ శ ష స హ అ ఆ ఇ ఈ ఉ ఊ ఎ ఏ ఐ ఒ ఓ ఔ క ఖ గ ఘ చ ఛ జ ఝ ట ఠ డ ఢ త థ ద ధ న ప ఫ బ భ మ య ర ల వ శ ష స హ అ ఆ ఇ ఈ ఉ ఊ ఎ ఏ ఐ ఒ ఓ ఔ క ఖ గ ఘ చ ఛ జ ఝ ట ఠ డ ఢ త థ ద ధ న ప ఫ బ భ మ య ర ల వ శ ష స హ అ ఆ ఇ ఈ ఉ ఊ ఎ ఏ ఐ ఒ ఓ ఔ క ఖ గ ఘ చ ఛ జ ఝ ట ఠ డ ఢ త థ ద ధ న ప ఫ బ భ మ య ర ల వ శ ష స హ అ ఆ ఇ ఈ ఉ ఊ ఎ ఏ ఐ ఒ ఓ ఔ క ఖ గ ఘ చ ఛ జ ఝ ట ఠ డ ఢ త థ ద ధ న ప ఫ బ భ మ య ర ల వ శ ష స హ అ ఆ ఇ ఈ ఉ ఊ ఎ ఏ ఐ ఒ ఓ ఔ క ఖ గ ఘ చ ఛ జ ఝ ట ఠ డ ఢ త థ ద ధ న ప ఫ బ భ మ య ర ల వ శ ష స హ అ ఆ ఇ ఈ ఉ ఊ ఎ ఏ ఐ ఒ ఓ ఔ క ఖ గ ఘ చ ఛ జ ఝ ట ఠ డ ఢ త థ ద ధ న ప ఫ బ భ మ య ర ల వ శ ష స హ అ ఆ ఇ ఈ ఉ ఊ ఎ ఏ ఐ ఒ ఓ ఔ క ఖ గ ఘ చ ఛ జ ఝ ట ఠ డ ఢ త థ ద ధ న ప ఫ బ భ మ య ర ల వ శ ష స హ అ ఆ ఇ ఈ ఉ ఊ ఎ ఏ ఐ ఒ ఓ ఔ క ఖ గ ఘ చ ఛ జ ఝ ట ఠ డ ఢ త థ ద ధ న ప ఫ బ భ మ య ర ల వ శ ష స హ అ ఆ ఇ ఈ ఉ ఊ ఎ ఏ ఐ ఒ ఓ ఔ క ఖ గ ఘ చ ఛ జ ఝ ట ఠ డ ఢ త థ ద ధ న ప ఫ బ భ మ య ర ల వ శ ష స హ అ ఆ ఇ ఈ ఉ ఊ ఎ ఏ ఐ ఒ ఓ ఔ క ఖ గ ఘ చ ఛ జ ఝ ట ఠ డ ఢ త థ ద ధ న ప ఫ బ భ మ య ర ల వ శ ష స హ అ ఆ ఇ ఈ ఉ ఊ ఎ ఏ ఐ ఒ ఓ ఔ క ఖ గ ఘ చ ఛ జ ఝ ట ఠ డ ఢ త థ ద ధ న ప ఫ బ భ మ య ర ల వ శ ష స హ అ ఆ ఇ ఈ ఉ ఊ ఎ ఏ ఐ ఒ ఓ ఔ క ఖ గ ఘ చ ఛ జ ఝ ట ఠ డ ఢ త థ ద ధ న ప ఫ బ భ మ య ర ల వ శ ష స హ అ ఆ ఇ ఈ ఉ ఊ ఎ ఏ ఐ ఒ ఓ ఔ క ఖ గ ఘ చ ఛ జ ఝ ట ఠ డ ఢ త థ ద ధ న ప ఫ బ భ మ య ర ల వ శ ష స హ అ ఆ ఇ ఈ ఉ ఊ ఎ ఏ ఐ ఒ ఓ ఔ క ఖ గ ఘ చ ఛ జ ఝ ట ఠ డ ఢ త థ ద ధ న ప ఫ బ భ మ య ర ల వ శ ష స హ అ ఆ ఇ ఈ ఉ ఊ ఎ ఏ ఐ ఒ ఓ ఔ క ఖ గ ఘ చ ఛ జ ఝ ట ఠ డ ఢ త థ ద ధ న ప ఫ బ భ మ య ర ల వ శ ష స హ
మార్కెట్ కమిటీ పాలకవర్గం నియామకం..!
అ ఆ ఇ ఈ ఉ ఊ ఎ ఏ ఐ ఒ ఓ ఔ క ఖ గ ఘ చ ఛ జ ఝ ట ఠ డ ఢ త థ ద ధ న ప ఫ బ భ మ య ర ల వ శ ష స హ అ ఆ ఇ ఈ ఉ ఊ ఎ ఏ ఐ ఒ ఓ ఔ క ఖ గ ఘ చ ఛ జ ఝ ట ఠ డ ఢ త థ ద ధ న ప ఫ బ భ మ య ర ల వ శ ష స హ అ ఆ ఇ ఈ ఉ ఊ ఎ ఏ ఐ ఒ ఓ ఔ క ఖ గ ఘ చ ఛ జ ఝ ట ఠ డ ఢ త థ ద ధ న ప ఫ బ భ మ య ర ల వ శ ష స హ అ ఆ ఇ ఈ ఉ ఊ ఎ ఏ ఐ ఒ ఓ ఔ క ఖ గ ఘ చ ఛ జ ఝ ట ఠ డ ఢ త థ ద ధ న ప ఫ బ భ మ య ర ల వ శ ష స హ అ ఆ ఇ ఈ ఉ ఊ ఎ ఏ ఐ ఒ ఓ ఔ క ఖ గ ఘ చ ఛ జ ఝ ట ఠ డ ఢ త థ ద ధ న ప ఫ బ భ మ య ర ల వ శ ష స హ అ ఆ ఇ ఈ ఉ ఊ ఎ ఏ ఐ ఒ ఓ ఔ క ఖ గ ఘ చ ఛ జ ఝ ట ఠ డ ఢ త థ ద ధ న ప ఫ బ భ మ య ర ల వ శ ష స హ అ ఆ ఇ ఈ ఉ ఊ ఎ ఏ ఐ ఒ ఓ ఔ క ఖ గ ఘ చ ఛ జ ఝ ట ఠ డ ఢ త థ ద ధ న ప ఫ బ భ మ య ర ల వ శ ష స హ అ ఆ ఇ ఈ ఉ ఊ ఎ ఏ ఐ ఒ ఓ ఔ క ఖ గ ఘ చ ఛ జ ఝ ట ఠ డ ఢ త థ ద ధ న ప ఫ బ భ మ య ర ల వ శ ష స హ అ ఆ ఇ ఈ ఉ ఊ ఎ ఏ ఐ ఒ ఓ ఔ క ఖ గ ఘ చ ఛ జ ఝ ట ఠ డ ఢ త థ ద ధ న ప ఫ బ భ మ య ర ల వ శ ష స హ అ ఆ ఇ ఈ ఉ ఊ ఎ ఏ ఐ ఒ ఓ ఔ క ఖ గ ఘ చ ఛ జ ఝ ట ఠ డ ఢ త థ ద ధ న ప ఫ బ భ మ య ర ల వ శ ష స హ అ ఆ ఇ ఈ ఉ ఊ ఎ ఏ ఐ ఒ ఓ ఔ క ఖ గ ఘ చ ఛ జ ఝ ట ఠ డ ఢ త థ ద ధ న ప ఫ బ భ మ య ర ల వ శ ష స హ అ ఆ ఇ ఈ ఉ ఊ ఎ ఏ ఐ ఒ ఓ ఔ క ఖ గ ఘ చ ఛ జ ఝ ట ఠ డ ఢ త థ ద ధ న ప ఫ బ భ మ య ర ల వ శ ష స హ
సిద్దిపల్లిలో పశువులకు గాలికుంటు టీకాల పంపిణీ
కమాన్‌పూర్, (జనంసాక్షి) :
అ ఆ ఇ ఈ ఉ ఊ ఎ ఏ ఐ ఒ ఓ ఔ క ఖ గ ఘ చ ఛ జ ఝ ట ఠ డ ఢ త థ ద ధ న ప ఫ బ భ మ య ర ల వ శ ష స హ అ ఆ ఇ ఈ ఉ ఊ ఎ ఏ ఐ ఒ ఓ ఔ క ఖ గ ఘ చ ఛ జ ఝ ట ఠ డ ఢ త థ ద ధ న ప ఫ బ భ మ య ర ల వ శ ష స హ అ ఆ ఇ ఈ ఉ ఊ ఎ ఏ ఐ ఒ ఓ ఔ క ఖ గ ఘ చ ఛ జ ఝ ట ఠ డ ఢ త థ ద ధ న ప ఫ బ భ మ య ర ల వ శ ష స హ అ ఆ ఇ ఈ ఉ ఊ ఎ ఏ ఐ ఒ ఓ ఔ క ఖ గ ఘ చ ఛ జ ఝ ట ఠ డ ఢ త థ ద ధ న ప ఫ బ భ మ య ర ల వ శ ష స హ అ ఆ ఇ ఈ ఉ ఊ ఎ ఏ ఐ ఒ ఓ ఔ క ఖ గ ఘ చ ఛ జ ఝ ట ఠ డ ఢ త థ ద ధ న ప ఫ బ భ మ య ర ల వ శ ష స హ అ ఆ ఇ ఈ ఉ ఊ ఎ ఏ ఐ ఒ ఓ ఔ క ఖ గ ఘ చ ఛ జ ఝ ట ఠ డ ఢ త థ ద ధ న ప ఫ బ భ మ య ర ల వ శ ష స హ అ ఆ ఇ ఈ ఉ ఊ ఎ ఏ ఐ ఒ ఓ ఔ క ఖ గ ఘ చ ఛ జ ఝ ట ఠ డ ఢ త థ ద ధ న ప ఫ బ భ మ య ర ల వ శ ష స హ అ ఆ ఇ ఈ ఉ ఊ ఎ ఏ ఐ ఒ ఓ ఔ క ఖ గ ఘ చ ఛ జ ఝ ట ఠ డ ఢ త థ ద ధ న ప ఫ బ భ మ య ర ల వ శ ష స హ అ ఆ ఇ ఈ ఉ ఊ ఎ ఏ ఐ ఒ ఓ ఔ క ఖ గ ఘ చ ఛ జ ఝ ట ఠ డ ఢ త థ ద ధ న ప ఫ బ భ మ య ర ల వ శ ష స హ అ ఆ ఇ ఈ ఉ ఊ ఎ ఏ ఐ ఒ ఓ ఔ క ఖ గ ఘ చ ఛ జ ఝ ట ఠ డ ఢ త థ ద ధ న ప ఫ బ భ మ య ర ల వ శ ష స హ అ ఆ ఇ ఈ ఉ ఊ ఎ ఏ ఐ ఒ ఓ ఔ క ఖ గ ఘ చ ఛ జ ఝ ట ఠ డ ఢ త థ ద ధ న ప ఫ బ భ మ య ర ల వ శ ష స హ అ ఆ ఇ ఈ ఉ ఊ ఎ ఏ ఐ ఒ ఓ ఔ క ఖ గ ఘ చ ఛ జ ఝ ట ఠ డ ఢ త థ ద ధ న ప ఫ బ భ మ య ర ల వ శ ష స హ అ ఆ ఇ ఈ ఉ ఊ ఎ ఏ ఐ ఒ ఓ ఔ క ఖ గ ఘ చ ఛ జ ఝ ట ఠ డ ఢ త థ ద ధ న ప ఫ బ భ మ య ర ల వ శ ష స హ అ ఆ ఇ ఈ ఉ ఊ ఎ ఏ ఐ ఒ ఓ ఔ క ఖ గ ఘ చ ఛ జ ఝ ట ఠ డ ఢ త థ ద ధ న ప ఫ బ భ మ య ర ల వ శ ష స హ అ ఆ ఇ ఈ ఉ ఊ ఎ ఏ ఐ ఒ ఓ ఔ క ఖ గ ఘ చ ఛ జ ఝ ట ఠ డ ఢ త థ ద ధ న ప ఫ బ భ మ య ర ల వ శ ష స హ అ ఆ ఇ ఈ ఉ ఊ ఎ ఏ ఐ ఒ ఓ ఔ క ఖ గ ఘ చ ఛ జ ఝ ట ఠ డ ఢ త థ ద ధ న ప ఫ బ భ మ య ర ల వ శ ష స హ అ ఆ ఇ ఈ ఉ ఊ ఎ ఏ ఐ ఒ ఓ ఔ క ఖ గ ఘ చ ఛ జ ఝ ట ఠ డ ఢ త థ ద ధ న ప ఫ బ భ మ య ర ల వ శ ష స హ అ ఆ ఇ ఈ ఉ ఊ ఎ ఏ ఐ ఒ ఓ ఔ క ఖ గ ఘ చ ఛ జ ఝ ట ఠ డ ఢ త థ ద ధ న ప ఫ బ భ మ య ర ల వ శ ష స హ
ఘనంగా పాఠశాల వార్షికోత్సవ వేడుకలు..!
మంథని, (జనంసాక్షి) :
అ ఆ ఇ ఈ ఉ ఊ ఎ ఏ ఐ ఒ ఓ ఔ క ఖ గ ఘ చ ఛ జ ఝ ట ఠ డ ఢ త థ ద ధ న ప ఫ బ భ మ య ర ల వ శ ష స హ అ ఆ ఇ ఈ ఉ ఊ ఎ ఏ ఐ ఒ ఓ ఔ క ఖ గ ఘ చ ఛ జ ఝ ట ఠ డ ఢ త థ ద ధ న ప ఫ బ భ మ య ర ల వ శ ష స హ అ ఆ ఇ ఈ ఉ ఊ ఎ ఏ ఐ ఒ ఓ ఔ క ఖ గ ఘ చ ఛ జ ఝ ట ఠ డ ఢ త థ ద ధ న ప ఫ బ భ మ య ర ల వ శ ష స హ అ ఆ ఇ ఈ ఉ ఊ ఎ ఏ ఐ ఒ ఓ ఔ క ఖ గ ఘ చ ఛ జ ఝ ట ఠ డ ఢ త థ ద ధ న ప ఫ బ భ మ య ర ల వ శ ష స హ అ ఆ ఇ ఈ ఉ ఊ ఎ ఏ ఐ ఒ ఓ ఔ క ఖ గ ఘ చ ఛ జ ఝ ట ఠ డ ఢ త థ ద ధ న ప ఫ బ భ మ య ర ల వ శ ష స హ అ ఆ ఇ ఈ ఉ ఊ ఎ ఏ ఐ ఒ ఓ ఔ క ఖ గ ఘ చ ఛ జ ఝ ట ఠ డ ఢ త థ ద ధ న ప ఫ బ భ మ య ర ల వ శ ష స హ అ ఆ ఇ ఈ ఉ ఊ ఎ ఏ ఐ ఒ ఓ ఔ క ఖ గ ఘ చ ఛ జ ఝ ట ఠ డ ఢ త థ ద ధ న ప ఫ బ భ మ య ర ల వ శ ష స హ అ ఆ ఇ ఈ ఉ ఊ ఎ ఏ ఐ ఒ ఓ ఔ క ఖ గ ఘ చ ఛ జ ఝ ట ఠ డ ఢ త థ ద ధ న ప ఫ బ భ మ య ర ల వ శ ష స హ అ ఆ ఇ ఈ ఉ ఊ ఎ ఏ ఐ ఒ ఓ ఔ క ఖ గ ఘ చ ఛ జ ఝ ట ఠ డ ఢ త థ ద ధ న ప ఫ బ భ మ య ర ల వ శ ష స హ అ ఆ ఇ ఈ ఉ ఊ ఎ ఏ ఐ ఒ ఓ ఔ క ఖ గ ఘ చ ఛ జ ఝ ట ఠ డ ఢ త థ ద ధ న ప ఫ బ భ మ య ర ల వ శ ష స హ అ ఆ ఇ ఈ ఉ ఊ ఎ ఏ ఐ ఒ ఓ ఔ క ఖ గ ఘ చ ఛ జ ఝ ట ఠ డ ఢ త థ ద ధ న ప ఫ బ భ మ య ర ల వ శ ష స హ అ ఆ ఇ ఈ ఉ ఊ ఎ ఏ ఐ ఒ ఓ ఔ క ఖ గ ఘ చ ఛ జ ఝ ట ఠ డ ఢ త థ ద ధ న ప ఫ బ భ మ య ర ల వ శ ష స హ అ ఆ ఇ ఈ ఉ ఊ ఎ ఏ ఐ ఒ ఓ ఔ క ఖ గ ఘ చ ఛ జ ఝ ట ఠ డ ఢ త థ ద ధ న ప ఫ బ భ మ య ర ల వ శ ష స హ అ ఆ ఇ ఈ ఉ ఊ ఎ ఏ ఐ ఒ ఓ ఔ క ఖ గ ఘ చ ఛ జ ఝ ట ఠ డ ఢ త థ ద ధ న ప ఫ బ భ మ య ర ల వ శ ష స హ అ ఆ ఇ ఈ ఉ ఊ ఎ ఏ ఐ ఒ ఓ ఔ క ఖ గ ఘ చ ఛ జ ఝ ట ఠ డ ఢ త థ ద ధ న ప ఫ బ భ మ య ర ల వ శ ష స హ అ ఆ ఇ ఈ ఉ ఊ ఎ ఏ ఐ ఒ ఓ ఔ క ఖ గ ఘ చ ఛ జ ఝ ట ఠ డ ఢ త థ ద ధ న ప ఫ బ భ మ య ర ల వ శ ష స హ
వివాహ ద్వీపకరణ పత్రం అందజేత..!
మంథని, (జనంసాక్షి) :
అ ఆ ఇ ఈ ఉ ఊ ఎ ఏ ఐ ఒ ఓ ఔ క ఖ గ ఘ చ ఛ జ ఝ ట ఠ డ ఢ త థ ద ధ న ప ఫ బ భ మ య ర ల వ శ ష స హ అ ఆ ఇ ఈ ఉ ఊ ఎ ఏ ఐ ఒ ఓ ఔ క ఖ గ ఘ చ ఛ జ ఝ ట ఠ డ ఢ త థ ద ధ న ప ఫ బ భ మ య ర ల వ శ ష స హ అ ఆ ఇ ఈ ఉ ఊ ఎ ఏ ఐ ఒ ఓ ఔ క ఖ గ ఘ చ ఛ జ ఝ ట ఠ డ ఢ త థ ద ధ న ప ఫ బ భ మ య ర ల వ శ ష స హ అ ఆ ఇ ఈ ఉ ఊ ఎ ఏ ఐ ఒ ఓ ఔ క ఖ గ ఘ చ ఛ జ ఝ ట ఠ డ ఢ త థ ద ధ న ప ఫ బ భ మ య ర ల వ శ ష స హ అ ఆ ఇ ఈ ఉ ఊ ఎ ఏ ఐ ఒ ఓ ఔ క ఖ గ ఘ చ ఛ జ ఝ ట ఠ డ ఢ త థ ద ధ న ప ఫ బ భ మ య ర ల వ శ ష స హ అ ఆ ఇ ఈ ఉ ఊ ఎ ఏ ఐ ఒ ఓ ఔ క ఖ గ ఘ చ ఛ జ ఝ ట ఠ డ ఢ త థ ద ధ న ప ఫ బ భ మ య ర ల వ శ ష స హ అ ఆ ఇ ఈ ఉ ఊ ఎ ఏ ఐ ఒ ఓ ఔ క ఖ గ ఘ చ ఛ జ ఝ ట ఠ డ ఢ త థ ద ధ న ప ఫ బ భ మ య ర ల వ శ ష స హ అ ఆ ఇ ఈ ఉ ఊ ఎ ఏ ఐ ఒ ఓ ఔ క ఖ గ ఘ చ ఛ జ ఝ ట ఠ డ ఢ త థ ద ధ న ప ఫ బ భ మ య ర ల వ శ ష స హ అ ఆ ఇ ఈ ఉ ఊ ఎ ఏ ఐ ఒ ఓ ఔ క ఖ గ ఘ చ ఛ జ ఝ ట ఠ డ ఢ త థ ద ధ న ప ఫ బ భ మ య ర ల వ శ ష స హ అ ఆ ఇ ఈ ఉ ఊ ఎ ఏ ఐ ఒ ఓ ఔ క ఖ గ ఘ చ ఛ జ ఝ ట ఠ డ ఢ త థ ద ధ న ప ఫ బ భ మ య ర ల వ శ ష స హ అ ఆ ఇ ఈ ఉ ఊ ఎ ఏ ఐ ఒ ఓ ఔ క ఖ గ ఘ చ ఛ జ ఝ ట ఠ డ ఢ త థ ద ధ న ప ఫ బ భ మ య ర ల వ శ ష స హ అ ఆ ఇ ఈ ఉ ఊ ఎ ఏ ఐ ఒ ఓ ఔ క ఖ గ ఘ చ ఛ జ ఝ ట ఠ డ ఢ త థ ద ధ న ప ఫ బ భ మ య ర ల వ శ ష స హ అ ఆ ఇ ఈ ఉ ఊ ఎ ఏ ఐ ఒ ఓ ఔ క ఖ గ ఘ చ ఛ జ ఝ ట ఠ డ ఢ త థ ద ధ న ప ఫ బ భ మ య ర ల వ శ ష స హ అ ఆ ఇ ఈ ఉ ఊ ఎ ఏ ఐ ఒ ఓ ఔ క ఖ గ ఘ చ ఛ జ ఝ ట ఠ డ ఢ త థ ద ధ న ప ఫ బ భ మ య ర ల వ శ ష స హ
